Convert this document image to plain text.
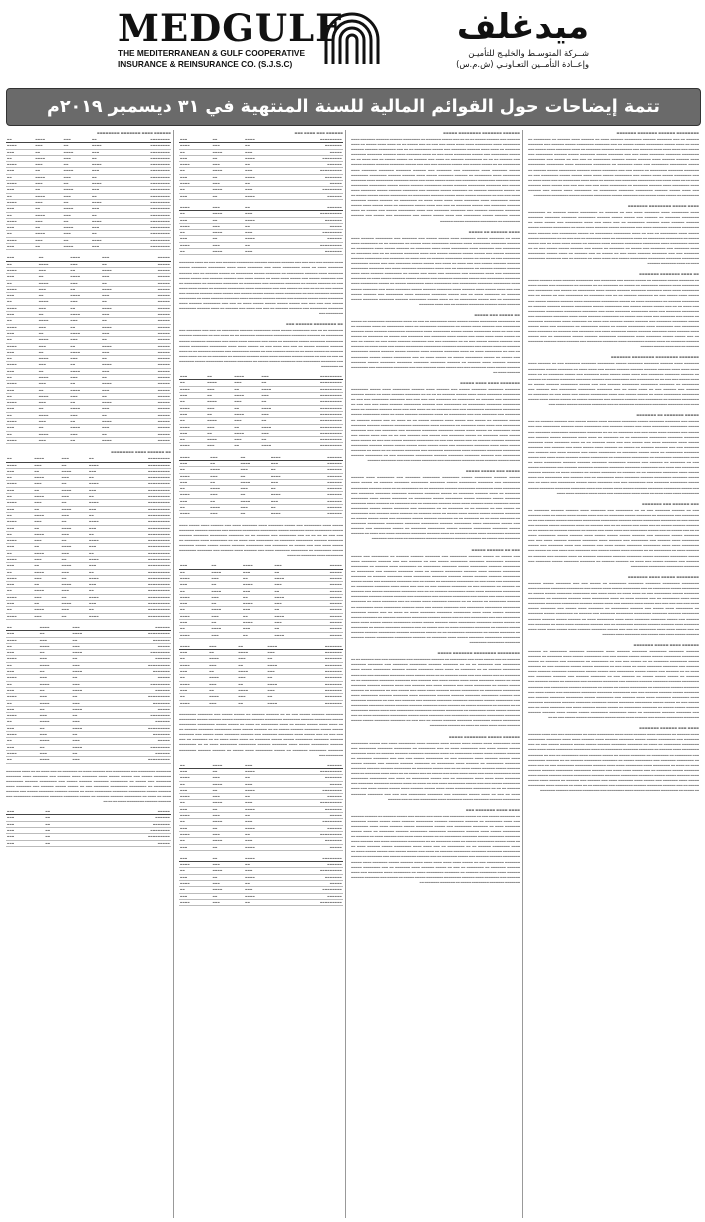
MEDGULF
THE MEDITERRANEAN & GULF COOPERATIVE
INSURANCE & REINSURANCE CO. (S.J.S.C)
ميدغلف
شــركة المتوسـط والخليـج للتأميـن
وإعــادة التأمــين التعـاونـي (ش.م.س)
تتمة إيضاحات حول القوائم المالية للسنة المنتهية في ٣١ ديسمبر ٢٠١٩م
▬▬▬▬▬▬ ▬▬▬▬ ▬▬▬▬▬▬▬ ▬▬▬▬▬▬▬▬
▬▬▬▬▬▬▬▬	▬▬	▬▬▬	▬▬▬▬	▬▬
▬▬▬▬▬▬▬▬	▬▬▬▬	▬▬	▬▬▬	▬▬▬▬
▬▬▬▬▬▬▬▬	▬▬▬	▬▬▬▬	▬▬	▬▬▬
▬▬▬▬▬▬▬▬	▬▬	▬▬▬	▬▬▬▬	▬▬
▬▬▬▬▬▬▬▬	▬▬▬▬	▬▬	▬▬▬	▬▬▬▬
▬▬▬▬▬▬▬▬	▬▬▬	▬▬▬▬	▬▬	▬▬▬
▬▬▬▬▬▬▬▬	▬▬	▬▬▬	▬▬▬▬	▬▬
▬▬▬▬▬▬▬▬	▬▬▬▬	▬▬	▬▬▬	▬▬▬▬
▬▬▬▬▬▬▬▬	▬▬▬	▬▬▬▬	▬▬	▬▬▬
▬▬▬▬▬▬▬▬	▬▬	▬▬▬	▬▬▬▬	▬▬
▬▬▬▬▬▬▬▬	▬▬▬▬	▬▬	▬▬▬	▬▬▬▬
▬▬▬▬▬▬▬▬	▬▬▬	▬▬▬▬	▬▬	▬▬▬
▬▬▬▬▬▬▬▬	▬▬	▬▬▬	▬▬▬▬	▬▬
▬▬▬▬▬▬▬▬	▬▬▬▬	▬▬	▬▬▬	▬▬▬▬
▬▬▬▬▬▬▬▬	▬▬▬	▬▬▬▬	▬▬	▬▬▬
▬▬▬▬▬▬▬▬	▬▬	▬▬▬	▬▬▬▬	▬▬
▬▬▬▬▬▬▬▬	▬▬▬▬	▬▬	▬▬▬	▬▬▬▬
▬▬▬▬▬▬▬▬	▬▬▬	▬▬▬▬	▬▬	▬▬▬
▬▬▬▬▬	▬▬▬	▬▬▬▬	▬▬	▬▬▬
▬▬▬▬▬	▬▬	▬▬▬	▬▬▬▬	▬▬
▬▬▬▬▬	▬▬▬▬	▬▬	▬▬▬	▬▬▬▬
▬▬▬▬▬	▬▬▬	▬▬▬▬	▬▬	▬▬▬
▬▬▬▬▬	▬▬	▬▬▬	▬▬▬▬	▬▬
▬▬▬▬▬	▬▬▬▬	▬▬	▬▬▬	▬▬▬▬
▬▬▬▬▬	▬▬▬	▬▬▬▬	▬▬	▬▬▬
▬▬▬▬▬	▬▬	▬▬▬	▬▬▬▬	▬▬
▬▬▬▬▬	▬▬▬▬	▬▬	▬▬▬	▬▬▬▬
▬▬▬▬▬	▬▬▬	▬▬▬▬	▬▬	▬▬▬
▬▬▬▬▬	▬▬	▬▬▬	▬▬▬▬	▬▬
▬▬▬▬▬	▬▬▬▬	▬▬	▬▬▬	▬▬▬▬
▬▬▬▬▬	▬▬▬	▬▬▬▬	▬▬	▬▬▬
▬▬▬▬▬	▬▬	▬▬▬	▬▬▬▬	▬▬
▬▬▬▬▬	▬▬▬▬	▬▬	▬▬▬	▬▬▬▬
▬▬▬▬▬	▬▬▬	▬▬▬▬	▬▬	▬▬▬
▬▬▬▬▬	▬▬	▬▬▬	▬▬▬▬	▬▬
▬▬▬▬▬	▬▬▬▬	▬▬	▬▬▬	▬▬▬▬
▬▬▬▬▬	▬▬▬	▬▬▬▬	▬▬	▬▬▬
▬▬▬▬▬	▬▬	▬▬▬	▬▬▬▬	▬▬
▬▬▬▬▬	▬▬▬▬	▬▬	▬▬▬	▬▬▬▬
▬▬▬▬▬	▬▬▬	▬▬▬▬	▬▬	▬▬▬
▬▬▬▬▬	▬▬	▬▬▬	▬▬▬▬	▬▬
▬▬▬▬▬	▬▬▬▬	▬▬	▬▬▬	▬▬▬▬
▬▬▬▬▬	▬▬▬	▬▬▬▬	▬▬	▬▬▬
▬▬▬▬▬	▬▬	▬▬▬	▬▬▬▬	▬▬
▬▬▬▬▬	▬▬▬▬	▬▬	▬▬▬	▬▬▬▬
▬▬▬▬▬	▬▬▬	▬▬▬▬	▬▬	▬▬▬
▬▬▬▬▬	▬▬	▬▬▬	▬▬▬▬	▬▬
▬▬▬▬▬	▬▬▬▬	▬▬	▬▬▬	▬▬▬▬
▬▬ ▬▬▬▬▬▬ ▬▬▬▬ ▬▬▬▬▬▬▬▬
▬▬▬▬▬▬▬▬▬	▬▬	▬▬▬	▬▬▬▬	▬▬
▬▬▬▬▬▬▬▬▬	▬▬▬▬	▬▬	▬▬▬	▬▬▬▬
▬▬▬▬▬▬▬▬▬	▬▬▬	▬▬▬▬	▬▬	▬▬▬
▬▬▬▬▬▬▬▬▬	▬▬	▬▬▬	▬▬▬▬	▬▬
▬▬▬▬▬▬▬▬▬	▬▬▬▬	▬▬	▬▬▬	▬▬▬▬
▬▬▬▬▬▬▬▬▬	▬▬▬	▬▬▬▬	▬▬	▬▬▬
▬▬▬▬▬▬▬▬▬	▬▬	▬▬▬	▬▬▬▬	▬▬
▬▬▬▬▬▬▬▬▬	▬▬▬▬	▬▬	▬▬▬	▬▬▬▬
▬▬▬▬▬▬▬▬▬	▬▬▬	▬▬▬▬	▬▬	▬▬▬
▬▬▬▬▬▬▬▬▬	▬▬	▬▬▬	▬▬▬▬	▬▬
▬▬▬▬▬▬▬▬▬	▬▬▬▬	▬▬	▬▬▬	▬▬▬▬
▬▬▬▬▬▬▬▬▬	▬▬▬	▬▬▬▬	▬▬	▬▬▬
▬▬▬▬▬▬▬▬▬	▬▬	▬▬▬	▬▬▬▬	▬▬
▬▬▬▬▬▬▬▬▬	▬▬▬▬	▬▬	▬▬▬	▬▬▬▬
▬▬▬▬▬▬▬▬▬	▬▬▬	▬▬▬▬	▬▬	▬▬▬
▬▬▬▬▬▬▬▬▬	▬▬	▬▬▬	▬▬▬▬	▬▬
▬▬▬▬▬▬▬▬▬	▬▬▬▬	▬▬	▬▬▬	▬▬▬▬
▬▬▬▬▬▬▬▬▬	▬▬▬	▬▬▬▬	▬▬	▬▬▬
▬▬▬▬▬▬▬▬▬	▬▬	▬▬▬	▬▬▬▬	▬▬
▬▬▬▬▬▬▬▬▬	▬▬▬▬	▬▬	▬▬▬	▬▬▬▬
▬▬▬▬▬▬▬▬▬	▬▬▬	▬▬▬▬	▬▬	▬▬▬
▬▬▬▬▬▬▬▬▬	▬▬	▬▬▬	▬▬▬▬	▬▬
▬▬▬▬▬▬▬▬▬	▬▬▬▬	▬▬	▬▬▬	▬▬▬▬
▬▬▬▬▬▬▬▬▬	▬▬▬	▬▬▬▬	▬▬	▬▬▬
▬▬▬▬▬▬▬▬▬	▬▬	▬▬▬	▬▬▬▬	▬▬
▬▬▬▬▬▬▬▬▬	▬▬▬▬	▬▬	▬▬▬	▬▬▬▬
▬▬▬▬▬▬	▬▬▬	▬▬▬▬	▬▬
▬▬▬▬▬▬▬▬▬	▬▬▬▬	▬▬	▬▬▬
▬▬▬▬▬▬▬	▬▬	▬▬▬	▬▬▬▬
▬▬▬▬▬	▬▬▬	▬▬▬▬	▬▬
▬▬▬▬▬▬▬▬	▬▬▬▬	▬▬	▬▬▬
▬▬▬▬▬▬	▬▬	▬▬▬	▬▬▬▬
▬▬▬▬▬▬▬▬▬	▬▬▬	▬▬▬▬	▬▬
▬▬▬▬▬▬▬	▬▬▬▬	▬▬	▬▬▬
▬▬▬▬▬	▬▬	▬▬▬	▬▬▬▬
▬▬▬▬▬▬▬▬	▬▬▬	▬▬▬▬	▬▬
▬▬▬▬▬▬	▬▬▬▬	▬▬	▬▬▬
▬▬▬▬▬▬▬▬▬	▬▬	▬▬▬	▬▬▬▬
▬▬▬▬▬▬▬	▬▬▬	▬▬▬▬	▬▬
▬▬▬▬▬	▬▬▬▬	▬▬	▬▬▬
▬▬▬▬▬▬▬▬	▬▬	▬▬▬	▬▬▬▬
▬▬▬▬▬▬	▬▬▬	▬▬▬▬	▬▬
▬▬▬▬▬▬▬▬▬	▬▬▬▬	▬▬	▬▬▬
▬▬▬▬▬▬▬	▬▬	▬▬▬	▬▬▬▬
▬▬▬▬▬	▬▬▬	▬▬▬▬	▬▬
▬▬▬▬▬▬▬▬	▬▬▬▬	▬▬	▬▬▬
▬▬▬▬▬▬	▬▬	▬▬▬	▬▬▬▬
▬▬▬▬▬▬▬▬▬	▬▬▬	▬▬▬▬	▬▬
▬▬▬▬▬▬▬ ▬▬▬▬▬▬▬▬ ▬▬▬ ▬▬▬▬▬▬▬▬ ▬▬▬ ▬▬▬▬▬▬ ▬▬▬▬ ▬▬ ▬▬▬▬▬▬▬ ▬▬ ▬▬▬ ▬▬▬▬ ▬▬ ▬▬ ▬▬▬▬ ▬▬▬▬▬▬▬ ▬▬▬▬▬▬▬▬ ▬▬▬▬▬ ▬▬▬ ▬▬▬▬▬ ▬▬▬▬▬ ▬▬▬▬ ▬▬▬▬▬▬▬ ▬▬▬▬ ▬▬▬▬▬▬ ▬▬▬ ▬▬▬▬▬▬▬ ▬▬▬▬ ▬▬▬▬▬▬▬ ▬▬▬▬▬▬▬ ▬▬▬ ▬▬▬▬▬ ▬▬ ▬▬▬▬▬▬▬▬ ▬▬▬▬▬▬▬ ▬▬▬▬▬▬ ▬▬▬▬▬ ▬▬▬ ▬▬▬▬▬▬▬▬ ▬▬▬▬▬▬ ▬▬▬▬▬▬▬▬ ▬▬▬▬▬▬▬▬ ▬▬ ▬▬▬▬▬▬▬▬ ▬▬▬▬▬▬▬▬ ▬▬▬▬▬▬▬ ▬▬▬ ▬▬ ▬▬▬▬▬ ▬▬▬▬▬ ▬▬▬▬▬▬ ▬▬▬ ▬▬▬▬▬▬▬ ▬▬▬▬ ▬▬▬▬▬▬ ▬▬▬▬▬ ▬▬▬▬▬▬▬▬ ▬▬▬▬▬▬▬ ▬▬▬▬▬▬▬▬ ▬▬▬▬ ▬▬ ▬▬▬▬▬ ▬▬▬▬▬▬ ▬▬▬▬▬▬▬ ▬▬▬▬▬ ▬▬▬ ▬▬▬▬▬▬ ▬▬▬▬ ▬▬ ▬▬▬▬ ▬▬ ▬▬▬▬▬▬▬▬ ▬▬▬▬▬▬ ▬▬▬▬▬▬ ▬▬ ▬▬▬▬▬ ▬▬▬▬▬▬▬ ▬▬▬▬▬▬ ▬▬▬▬▬▬▬▬ ▬▬▬▬▬▬▬▬ ▬▬▬ ▬▬▬▬▬▬ ▬▬▬▬▬▬ ▬▬▬▬▬▬▬▬ ▬▬▬▬ ▬▬ ▬▬ ▬▬
▬▬▬▬▬	▬▬	▬▬▬
▬▬▬▬▬▬	▬▬	▬▬▬
▬▬▬▬▬▬▬	▬▬	▬▬▬
▬▬▬▬▬▬▬▬	▬▬	▬▬▬
▬▬▬▬▬▬▬▬▬	▬▬	▬▬▬
▬▬▬▬▬	▬▬	▬▬▬
▬▬▬▬▬▬ ▬▬▬ ▬▬▬▬ ▬▬▬
▬▬▬▬▬▬▬▬▬	▬▬▬▬	▬▬	▬▬▬
▬▬▬▬▬▬▬	▬▬	▬▬▬	▬▬▬▬
▬▬▬▬▬	▬▬▬	▬▬▬▬	▬▬
▬▬▬▬▬▬▬▬	▬▬▬▬	▬▬	▬▬▬
▬▬▬▬▬▬	▬▬	▬▬▬	▬▬▬▬
▬▬▬▬▬▬▬▬▬	▬▬▬	▬▬▬▬	▬▬
▬▬▬▬▬▬▬	▬▬▬▬	▬▬	▬▬▬
▬▬▬▬▬	▬▬	▬▬▬	▬▬▬▬
▬▬▬▬▬▬▬▬	▬▬▬	▬▬▬▬	▬▬
▬▬▬▬▬▬	▬▬▬▬	▬▬	▬▬▬
▬▬▬▬▬▬	▬▬	▬▬▬	▬▬▬▬
▬▬▬▬▬▬▬▬▬	▬▬▬	▬▬▬▬	▬▬
▬▬▬▬▬▬▬	▬▬▬▬	▬▬	▬▬▬
▬▬▬▬▬	▬▬	▬▬▬	▬▬▬▬
▬▬▬▬▬▬▬▬	▬▬▬	▬▬▬▬	▬▬
▬▬▬▬▬▬	▬▬▬▬	▬▬	▬▬▬
▬▬▬▬▬▬▬▬▬	▬▬	▬▬▬	▬▬▬▬
▬▬▬▬▬▬▬	▬▬▬	▬▬▬▬	▬▬
▬▬▬▬ ▬▬▬▬▬ ▬▬▬ ▬▬▬ ▬▬▬ ▬▬▬ ▬▬▬▬▬▬ ▬▬▬▬▬▬ ▬▬▬▬▬▬ ▬▬▬▬▬▬▬▬ ▬▬▬▬▬▬ ▬▬▬ ▬▬▬ ▬▬ ▬▬▬▬ ▬▬▬▬▬▬▬ ▬▬▬▬▬▬▬ ▬▬▬▬ ▬▬ ▬▬▬▬ ▬▬▬▬▬▬▬▬ ▬▬▬▬ ▬▬▬ ▬▬▬▬▬▬▬ ▬▬▬▬ ▬▬▬▬ ▬▬▬▬▬▬▬▬ ▬▬▬▬▬▬▬ ▬▬▬▬▬ ▬▬▬▬▬▬▬ ▬▬▬▬ ▬▬▬▬▬▬ ▬▬▬▬▬▬▬▬ ▬▬ ▬▬▬▬▬▬▬ ▬▬▬▬▬ ▬▬▬▬▬▬▬▬ ▬▬ ▬▬▬▬▬ ▬▬▬▬▬▬ ▬▬ ▬▬▬ ▬▬▬▬▬▬ ▬▬▬ ▬▬▬▬▬▬▬ ▬▬▬▬▬ ▬▬▬ ▬▬▬▬▬ ▬▬▬▬ ▬▬▬▬ ▬▬ ▬▬▬▬▬ ▬▬▬▬ ▬▬▬ ▬▬▬▬▬▬ ▬▬▬▬▬▬ ▬▬▬ ▬▬▬▬▬ ▬▬▬▬▬ ▬▬▬ ▬▬ ▬▬▬▬▬▬ ▬▬▬▬▬ ▬▬ ▬▬▬▬▬▬▬ ▬▬▬▬▬▬▬ ▬▬▬ ▬▬▬▬▬▬▬▬ ▬▬ ▬▬▬▬▬▬▬ ▬▬▬▬▬▬▬ ▬▬ ▬▬▬▬▬▬▬▬ ▬▬ ▬▬▬▬▬ ▬▬▬ ▬▬ ▬▬ ▬▬ ▬▬▬ ▬▬ ▬▬▬▬▬ ▬▬▬ ▬▬▬ ▬▬▬▬▬▬▬▬ ▬▬▬▬ ▬▬▬▬▬▬▬▬ ▬▬▬▬▬▬ ▬▬ ▬▬▬▬▬ ▬▬▬▬ ▬▬▬▬ ▬▬▬▬▬▬ ▬▬▬▬▬▬▬ ▬▬▬ ▬▬ ▬▬▬▬▬▬▬▬ ▬▬▬▬ ▬▬▬▬▬ ▬▬▬▬▬ ▬▬▬▬▬ ▬▬▬ ▬▬▬▬▬ ▬▬▬▬ ▬▬▬▬▬▬ ▬▬▬▬▬▬ ▬▬▬ ▬▬▬▬▬▬▬ ▬▬▬▬ ▬▬▬▬▬ ▬▬▬▬▬▬ ▬▬▬ ▬▬▬▬▬ ▬▬▬▬▬▬ ▬▬▬▬▬▬ ▬▬▬▬ ▬▬▬▬▬▬▬ ▬▬▬▬▬▬ ▬▬▬▬ ▬▬ ▬▬▬▬▬▬▬▬ ▬▬▬▬▬ ▬▬▬ ▬▬▬ ▬▬▬ ▬▬▬ ▬▬▬▬▬ ▬▬▬▬▬ ▬▬▬▬▬ ▬▬▬▬▬ ▬▬▬▬ ▬▬ ▬▬▬ ▬▬▬ ▬▬▬▬▬▬▬▬ ▬▬▬▬▬▬ ▬▬▬▬ ▬▬▬▬▬▬▬ ▬▬▬▬▬▬▬▬ ▬▬▬ ▬▬▬▬▬▬ ▬▬▬▬▬▬ ▬▬ ▬▬▬ ▬▬▬ ▬▬▬▬ ▬▬▬ ▬▬▬▬▬▬ ▬▬ ▬▬▬▬ ▬▬▬▬▬▬ ▬▬▬▬▬▬▬▬ ▬▬▬▬▬▬▬▬ ▬▬▬
▬▬ ▬▬▬▬▬▬▬▬ ▬▬▬▬▬▬ ▬▬▬
▬▬▬▬▬▬▬ ▬▬ ▬▬ ▬▬▬ ▬▬▬▬▬▬▬▬ ▬▬▬▬▬ ▬▬▬▬ ▬▬▬▬▬▬▬▬ ▬▬▬▬▬▬ ▬▬▬▬▬▬▬▬ ▬▬ ▬▬▬ ▬▬▬ ▬▬▬▬▬▬▬ ▬▬▬ ▬▬▬▬▬▬▬▬ ▬▬ ▬▬▬▬▬▬ ▬▬▬▬▬▬▬ ▬▬▬▬▬▬▬▬ ▬▬▬▬▬▬▬▬ ▬▬▬▬▬▬▬ ▬▬ ▬▬ ▬▬▬▬ ▬▬▬ ▬▬ ▬▬▬▬▬▬▬ ▬▬▬▬▬▬ ▬▬▬▬▬▬▬▬ ▬▬▬▬▬▬▬ ▬▬▬▬▬ ▬▬▬▬▬▬▬ ▬▬ ▬▬▬▬ ▬▬▬ ▬▬▬▬▬▬ ▬▬▬▬ ▬▬▬▬ ▬▬▬ ▬▬▬▬▬▬▬ ▬▬▬▬▬▬▬ ▬▬▬▬▬ ▬▬▬▬▬▬ ▬▬▬▬▬▬ ▬▬▬▬▬ ▬▬ ▬▬▬ ▬▬▬ ▬▬▬▬ ▬▬▬ ▬▬ ▬▬▬▬▬ ▬▬▬▬ ▬▬▬▬ ▬▬▬▬▬▬▬▬ ▬▬▬▬▬▬▬▬ ▬▬▬▬▬ ▬▬▬▬▬▬ ▬▬ ▬▬▬▬▬ ▬▬▬▬ ▬▬ ▬▬ ▬▬▬▬ ▬▬▬▬▬▬ ▬▬▬ ▬▬ ▬▬▬▬▬ ▬▬▬▬▬▬▬▬ ▬▬▬ ▬▬▬▬▬▬ ▬▬▬▬▬▬ ▬▬ ▬▬ ▬▬▬▬ ▬▬ ▬▬▬ ▬▬ ▬▬▬ ▬▬ ▬▬▬▬▬ ▬▬▬▬▬ ▬▬▬▬▬▬ ▬▬▬▬ ▬▬▬▬ ▬▬▬▬▬▬ ▬▬▬▬▬▬ ▬▬ ▬▬▬▬▬▬▬ ▬▬ ▬▬ ▬▬ ▬▬▬▬ ▬▬▬▬ ▬▬▬ ▬▬▬▬▬▬▬ ▬▬▬▬▬▬▬▬ ▬▬▬ ▬▬▬▬▬▬▬ ▬▬▬▬▬ ▬▬▬▬▬ ▬▬ ▬▬▬▬▬▬▬ ▬▬▬▬▬▬ ▬▬▬▬▬▬▬▬ ▬▬▬▬▬ ▬▬▬▬▬▬▬ ▬▬ ▬▬▬▬▬▬▬▬
▬▬▬▬▬▬▬▬▬	▬▬▬	▬▬▬▬	▬▬	▬▬▬
▬▬▬▬▬▬▬▬▬	▬▬	▬▬▬	▬▬▬▬	▬▬
▬▬▬▬▬▬▬▬▬	▬▬▬▬	▬▬	▬▬▬	▬▬▬▬
▬▬▬▬▬▬▬▬▬	▬▬▬	▬▬▬▬	▬▬	▬▬▬
▬▬▬▬▬▬▬▬▬	▬▬	▬▬▬	▬▬▬▬	▬▬
▬▬▬▬▬▬▬▬▬	▬▬▬▬	▬▬	▬▬▬	▬▬▬▬
▬▬▬▬▬▬▬▬▬	▬▬▬	▬▬▬▬	▬▬	▬▬▬
▬▬▬▬▬▬▬▬▬	▬▬	▬▬▬	▬▬▬▬	▬▬
▬▬▬▬▬▬▬▬▬	▬▬▬▬	▬▬	▬▬▬	▬▬▬▬
▬▬▬▬▬▬▬▬▬	▬▬▬	▬▬▬▬	▬▬	▬▬▬
▬▬▬▬▬▬▬▬▬	▬▬	▬▬▬	▬▬▬▬	▬▬
▬▬▬▬▬▬▬▬▬	▬▬▬▬	▬▬	▬▬▬	▬▬▬▬
▬▬▬▬▬▬	▬▬▬▬	▬▬	▬▬▬	▬▬▬▬
▬▬▬▬▬▬	▬▬▬	▬▬▬▬	▬▬	▬▬▬
▬▬▬▬▬▬	▬▬	▬▬▬	▬▬▬▬	▬▬
▬▬▬▬▬▬	▬▬▬▬	▬▬	▬▬▬	▬▬▬▬
▬▬▬▬▬▬	▬▬▬	▬▬▬▬	▬▬	▬▬▬
▬▬▬▬▬▬	▬▬	▬▬▬	▬▬▬▬	▬▬
▬▬▬▬▬▬	▬▬▬▬	▬▬	▬▬▬	▬▬▬▬
▬▬▬▬▬▬	▬▬▬	▬▬▬▬	▬▬	▬▬▬
▬▬▬▬▬▬	▬▬	▬▬▬	▬▬▬▬	▬▬
▬▬▬▬▬▬	▬▬▬▬	▬▬	▬▬▬	▬▬▬▬
▬▬▬▬▬ ▬▬▬▬ ▬▬▬▬▬▬▬▬ ▬▬▬ ▬▬▬▬▬ ▬▬▬▬▬▬▬ ▬▬▬▬ ▬▬▬▬▬▬▬ ▬▬▬▬ ▬▬▬ ▬▬▬▬▬▬ ▬▬▬▬ ▬▬▬▬▬ ▬▬▬▬ ▬▬▬▬▬ ▬▬▬▬▬▬▬▬ ▬▬▬▬ ▬▬▬▬▬▬▬ ▬▬▬▬▬ ▬▬▬▬▬▬▬▬ ▬▬▬▬▬▬▬▬ ▬▬▬▬▬▬ ▬▬▬ ▬▬▬▬▬▬ ▬▬▬▬▬▬ ▬▬▬▬▬▬▬ ▬▬▬ ▬▬▬ ▬▬ ▬▬ ▬▬ ▬▬ ▬▬▬ ▬▬▬▬▬▬▬▬ ▬▬▬ ▬▬▬▬▬▬ ▬▬ ▬▬ ▬▬▬▬▬▬▬ ▬▬▬▬▬▬▬▬ ▬▬▬▬▬▬▬ ▬▬▬▬▬▬ ▬▬▬▬▬▬▬ ▬▬▬▬▬▬ ▬▬▬▬▬▬▬▬ ▬▬▬▬▬▬▬ ▬▬ ▬▬▬▬▬▬▬▬ ▬▬▬ ▬▬▬▬ ▬▬ ▬▬ ▬▬▬▬▬▬▬▬ ▬▬▬▬ ▬▬▬▬▬▬▬ ▬▬ ▬▬▬▬▬ ▬▬▬▬ ▬▬▬ ▬▬▬ ▬▬▬▬▬ ▬▬ ▬▬▬▬▬▬▬ ▬▬▬ ▬▬▬▬▬▬▬▬ ▬▬▬▬▬▬ ▬▬▬▬▬ ▬▬▬▬▬ ▬▬▬▬▬ ▬▬▬▬▬▬▬ ▬▬▬▬▬ ▬▬▬▬▬▬▬▬ ▬▬ ▬▬▬▬▬▬▬▬ ▬▬▬▬▬▬▬ ▬▬▬▬ ▬▬▬ ▬▬▬▬▬▬ ▬▬▬▬ ▬▬▬▬▬▬ ▬▬▬ ▬▬▬▬▬▬▬ ▬▬▬▬▬▬▬▬ ▬▬▬▬▬▬▬▬ ▬▬▬▬ ▬▬▬▬▬▬▬ ▬▬ ▬▬▬▬
▬▬▬▬▬	▬▬▬	▬▬▬▬	▬▬	▬▬▬
▬▬▬▬▬	▬▬	▬▬▬	▬▬▬▬	▬▬
▬▬▬▬▬	▬▬▬▬	▬▬	▬▬▬	▬▬▬▬
▬▬▬▬▬	▬▬▬	▬▬▬▬	▬▬	▬▬▬
▬▬▬▬▬	▬▬	▬▬▬	▬▬▬▬	▬▬
▬▬▬▬▬	▬▬▬▬	▬▬	▬▬▬	▬▬▬▬
▬▬▬▬▬	▬▬▬	▬▬▬▬	▬▬	▬▬▬
▬▬▬▬▬	▬▬	▬▬▬	▬▬▬▬	▬▬
▬▬▬▬▬	▬▬▬▬	▬▬	▬▬▬	▬▬▬▬
▬▬▬▬▬	▬▬▬	▬▬▬▬	▬▬	▬▬▬
▬▬▬▬▬	▬▬	▬▬▬	▬▬▬▬	▬▬
▬▬▬▬▬	▬▬▬▬	▬▬	▬▬▬	▬▬▬▬
▬▬▬▬▬▬▬	▬▬▬▬	▬▬	▬▬▬	▬▬▬▬
▬▬▬▬▬▬▬	▬▬▬	▬▬▬▬	▬▬	▬▬▬
▬▬▬▬▬▬▬	▬▬	▬▬▬	▬▬▬▬	▬▬
▬▬▬▬▬▬▬	▬▬▬▬	▬▬	▬▬▬	▬▬▬▬
▬▬▬▬▬▬▬	▬▬▬	▬▬▬▬	▬▬	▬▬▬
▬▬▬▬▬▬▬	▬▬	▬▬▬	▬▬▬▬	▬▬
▬▬▬▬▬▬▬	▬▬▬▬	▬▬	▬▬▬	▬▬▬▬
▬▬▬▬▬▬▬	▬▬▬	▬▬▬▬	▬▬	▬▬▬
▬▬▬▬▬▬▬	▬▬	▬▬▬	▬▬▬▬	▬▬
▬▬▬▬▬▬▬	▬▬▬▬	▬▬	▬▬▬	▬▬▬▬
▬▬▬▬▬▬▬▬ ▬▬▬▬▬▬ ▬▬▬▬▬ ▬▬▬ ▬▬ ▬▬ ▬▬▬▬▬▬ ▬▬▬▬▬▬ ▬▬ ▬▬▬▬▬ ▬▬▬▬▬ ▬▬▬ ▬▬▬▬▬▬▬ ▬▬▬▬▬▬▬▬ ▬▬▬▬▬ ▬▬▬▬▬▬▬▬ ▬▬▬▬▬▬ ▬▬▬▬▬▬▬▬ ▬▬▬▬▬▬▬▬ ▬▬▬▬▬▬ ▬▬▬▬▬▬▬▬ ▬▬▬▬▬ ▬▬▬▬▬▬ ▬▬▬▬▬ ▬▬▬▬▬▬▬▬ ▬▬ ▬▬▬▬ ▬▬▬▬ ▬▬▬▬▬ ▬▬▬▬▬ ▬▬ ▬▬▬▬ ▬▬▬▬▬▬▬▬ ▬▬ ▬▬▬▬ ▬▬ ▬▬▬▬▬ ▬▬▬▬▬ ▬▬▬▬▬▬▬▬ ▬▬▬▬▬▬▬▬ ▬▬▬▬▬ ▬▬▬▬▬ ▬▬▬▬▬▬▬ ▬▬▬▬▬▬ ▬▬▬▬▬ ▬▬ ▬▬ ▬▬▬▬▬▬ ▬▬▬▬▬ ▬▬▬▬ ▬▬▬▬▬▬▬▬ ▬▬▬▬▬▬▬ ▬▬▬▬▬▬ ▬▬ ▬▬▬ ▬▬▬ ▬▬ ▬▬▬ ▬▬▬▬▬ ▬▬▬▬ ▬▬▬▬▬▬▬ ▬▬▬▬▬▬▬ ▬▬▬ ▬▬▬▬▬▬ ▬▬▬▬▬▬▬ ▬▬▬▬ ▬▬▬▬▬ ▬▬▬ ▬▬▬▬▬▬▬ ▬▬▬▬▬▬ ▬▬▬▬▬▬▬ ▬▬▬▬▬▬▬▬ ▬▬▬▬▬ ▬▬▬▬▬ ▬▬▬▬▬▬▬ ▬▬ ▬▬▬▬ ▬▬▬▬ ▬▬▬▬ ▬▬ ▬▬ ▬▬▬▬▬▬▬ ▬▬ ▬▬▬ ▬▬▬▬▬▬ ▬▬▬▬▬▬▬▬ ▬▬▬▬▬ ▬▬▬▬ ▬▬▬▬▬▬▬ ▬▬▬▬▬▬ ▬▬▬▬▬▬▬▬ ▬▬▬▬▬▬▬▬ ▬▬▬▬ ▬▬ ▬▬ ▬▬▬▬▬▬▬▬ ▬▬▬▬▬▬▬ ▬▬▬▬▬▬▬▬ ▬▬▬▬▬▬▬ ▬▬ ▬▬▬▬▬ ▬▬▬▬▬▬▬▬ ▬▬▬▬ ▬▬▬▬▬ ▬▬ ▬▬▬▬▬▬ ▬▬▬▬▬▬ ▬▬▬▬▬▬▬▬ ▬▬▬▬▬▬▬▬ ▬▬▬
▬▬▬▬▬▬	▬▬▬	▬▬▬▬	▬▬
▬▬▬▬▬▬▬▬▬	▬▬▬▬	▬▬	▬▬▬
▬▬▬▬▬▬▬	▬▬	▬▬▬	▬▬▬▬
▬▬▬▬▬	▬▬▬	▬▬▬▬	▬▬
▬▬▬▬▬▬▬▬	▬▬▬▬	▬▬	▬▬▬
▬▬▬▬▬▬	▬▬	▬▬▬	▬▬▬▬
▬▬▬▬▬▬▬▬▬	▬▬▬	▬▬▬▬	▬▬
▬▬▬▬▬▬▬	▬▬▬▬	▬▬	▬▬▬
▬▬▬▬▬	▬▬	▬▬▬	▬▬▬▬
▬▬▬▬▬▬▬▬	▬▬▬	▬▬▬▬	▬▬
▬▬▬▬▬▬	▬▬▬▬	▬▬	▬▬▬
▬▬▬▬▬▬▬▬▬	▬▬	▬▬▬	▬▬▬▬
▬▬▬▬▬▬▬	▬▬▬	▬▬▬▬	▬▬
▬▬▬▬▬	▬▬▬▬	▬▬	▬▬▬
▬▬▬▬▬▬▬▬	▬▬▬▬	▬▬	▬▬▬
▬▬▬▬▬▬	▬▬	▬▬▬	▬▬▬▬
▬▬▬▬▬▬▬▬▬	▬▬▬	▬▬▬▬	▬▬
▬▬▬▬▬▬▬	▬▬▬▬	▬▬	▬▬▬
▬▬▬▬▬	▬▬	▬▬▬	▬▬▬▬
▬▬▬▬▬▬▬▬	▬▬▬	▬▬▬▬	▬▬
▬▬▬▬▬▬	▬▬▬▬	▬▬	▬▬▬
▬▬▬▬▬▬▬▬▬	▬▬	▬▬▬	▬▬▬▬
▬▬▬▬▬▬ ▬▬▬▬▬▬▬ ▬▬▬▬▬▬▬▬ ▬▬▬▬▬
▬▬▬▬▬▬ ▬▬▬ ▬▬▬▬▬▬ ▬▬▬▬▬ ▬▬ ▬▬ ▬▬ ▬▬▬ ▬▬▬▬▬ ▬▬▬▬▬▬▬ ▬▬ ▬▬▬▬▬▬▬▬ ▬▬▬▬▬▬ ▬▬▬▬▬▬ ▬▬▬▬▬▬▬ ▬▬▬▬ ▬▬▬▬▬▬▬▬ ▬▬▬▬ ▬▬▬▬▬▬▬▬ ▬▬▬▬ ▬▬▬▬ ▬▬▬▬ ▬▬▬ ▬▬▬ ▬▬ ▬▬▬ ▬▬▬▬▬ ▬▬ ▬▬ ▬▬▬▬ ▬▬▬▬ ▬▬▬▬▬ ▬▬ ▬▬▬▬ ▬▬▬▬▬▬▬ ▬▬ ▬▬▬▬ ▬▬▬▬ ▬▬▬▬▬▬ ▬▬▬▬▬▬▬ ▬▬▬ ▬▬▬▬▬ ▬▬▬▬▬▬▬▬ ▬▬ ▬▬ ▬▬▬ ▬▬▬▬▬▬▬▬ ▬▬▬▬▬▬ ▬▬▬▬▬▬ ▬▬▬▬▬ ▬▬▬▬▬▬▬▬ ▬▬▬ ▬▬▬▬▬ ▬▬▬▬▬▬▬▬ ▬▬▬▬ ▬▬▬ ▬▬ ▬▬▬▬ ▬▬▬▬▬▬▬ ▬▬▬▬ ▬▬▬▬▬▬ ▬▬▬▬▬▬▬ ▬▬▬▬▬▬▬ ▬▬▬ ▬▬▬▬▬▬ ▬▬ ▬▬ ▬▬ ▬▬▬▬▬▬▬▬ ▬▬▬▬▬▬ ▬▬ ▬▬▬▬ ▬▬▬ ▬▬▬▬▬▬ ▬▬ ▬▬▬▬▬ ▬▬▬▬▬ ▬▬ ▬▬▬ ▬▬▬▬ ▬▬ ▬▬ ▬▬▬▬▬▬▬▬ ▬▬ ▬▬ ▬▬▬▬▬ ▬▬▬▬▬ ▬▬▬ ▬▬▬▬▬ ▬▬▬▬▬▬ ▬▬▬ ▬▬▬ ▬▬▬ ▬▬▬▬▬ ▬▬▬▬▬▬▬ ▬▬▬▬▬▬ ▬▬▬▬▬▬ ▬▬▬▬▬ ▬▬▬▬▬ ▬▬▬▬▬▬▬ ▬▬▬▬ ▬▬▬▬▬▬▬▬ ▬▬▬ ▬▬▬▬▬▬▬ ▬▬▬ ▬▬▬▬▬▬ ▬▬▬▬▬▬▬ ▬▬▬▬▬▬▬ ▬▬▬▬▬▬▬ ▬▬▬▬ ▬▬▬▬▬▬▬▬ ▬▬▬▬ ▬▬▬▬▬▬▬▬ ▬▬ ▬▬▬▬▬▬ ▬▬▬▬▬▬▬ ▬▬▬▬▬ ▬▬▬▬ ▬▬▬▬▬▬ ▬▬▬▬▬▬ ▬▬▬▬▬▬▬▬ ▬▬▬▬▬▬▬▬ ▬▬▬▬▬ ▬▬▬▬▬▬ ▬▬▬▬▬▬▬▬ ▬▬▬▬▬▬▬ ▬▬▬ ▬▬▬▬ ▬▬▬▬▬ ▬▬▬▬ ▬▬▬ ▬▬▬▬ ▬▬▬▬▬▬▬ ▬▬▬▬▬▬▬▬ ▬▬▬▬ ▬▬▬▬▬▬▬ ▬▬▬▬▬ ▬▬▬ ▬▬▬▬▬▬▬ ▬▬▬▬▬▬▬▬ ▬▬▬▬▬▬ ▬▬▬▬▬ ▬▬▬▬▬▬▬▬ ▬▬▬▬▬▬ ▬▬▬▬▬ ▬▬▬▬▬ ▬▬▬▬▬▬▬▬ ▬▬▬▬▬▬▬▬ ▬▬ ▬▬▬▬▬ ▬▬▬▬▬▬▬ ▬▬▬▬▬▬ ▬▬ ▬▬▬▬▬▬▬ ▬▬▬▬▬ ▬▬▬▬▬▬ ▬▬▬ ▬▬▬▬▬▬▬ ▬▬▬▬▬▬ ▬▬▬▬▬ ▬▬▬▬▬▬▬ ▬▬▬▬ ▬▬▬▬ ▬▬▬ ▬▬▬ ▬▬ ▬▬▬▬▬▬▬ ▬▬▬▬▬ ▬▬▬▬ ▬▬▬▬▬ ▬▬▬▬▬▬ ▬▬▬▬▬▬▬▬ ▬▬ ▬▬▬▬▬▬▬▬ ▬▬▬▬▬ ▬▬▬▬▬ ▬▬▬▬▬ ▬▬ ▬▬▬▬▬ ▬▬▬▬▬▬▬▬ ▬▬▬▬ ▬▬▬▬▬▬▬ ▬▬▬▬ ▬▬▬▬ ▬▬▬▬ ▬▬▬▬ ▬▬ ▬▬▬▬▬▬▬▬ ▬▬ ▬▬▬▬▬▬ ▬▬▬▬▬ ▬▬▬▬▬▬▬ ▬▬▬▬▬▬ ▬▬▬▬▬▬▬ ▬▬▬ ▬▬▬▬▬ ▬▬▬▬▬▬▬ ▬▬ ▬▬▬ ▬▬▬ ▬▬▬▬ ▬▬▬▬▬ ▬▬▬▬▬▬▬ ▬▬ ▬▬▬▬ ▬▬▬▬▬ ▬▬▬▬ ▬▬▬▬▬ ▬▬▬▬▬▬▬ ▬▬▬▬▬▬▬ ▬▬▬▬▬▬ ▬▬▬ ▬▬▬▬▬▬▬ ▬▬▬▬▬▬▬ ▬▬▬ ▬▬▬▬ ▬▬▬▬▬▬▬▬ ▬▬▬▬▬ ▬▬▬ ▬▬▬▬▬ ▬▬ ▬▬▬▬ ▬▬▬▬▬ ▬▬▬▬▬▬ ▬▬▬▬▬ ▬▬▬▬▬▬▬▬ ▬▬▬ ▬▬▬▬ ▬▬▬▬▬ ▬▬▬▬▬ ▬▬▬ ▬▬▬▬▬▬▬▬ ▬▬▬ ▬▬▬▬▬ ▬▬▬ ▬▬▬▬▬▬ ▬▬▬▬▬▬▬▬ ▬▬ ▬▬▬▬▬▬▬▬ ▬▬▬▬▬▬▬ ▬▬▬▬▬ ▬▬▬▬▬▬
▬▬▬▬ ▬▬▬▬▬▬ ▬▬ ▬▬▬▬▬
▬▬▬▬ ▬▬ ▬▬▬▬▬▬▬ ▬▬▬▬▬ ▬▬▬▬▬▬▬ ▬▬▬▬ ▬▬▬▬▬ ▬▬▬▬▬ ▬▬▬ ▬▬▬▬▬▬▬ ▬▬▬ ▬▬▬▬▬▬▬▬ ▬▬▬▬▬▬ ▬▬▬▬ ▬▬▬▬▬▬ ▬▬▬▬▬▬▬ ▬▬▬▬▬▬▬▬ ▬▬▬▬ ▬▬▬▬▬▬ ▬▬▬▬▬▬▬▬ ▬▬▬▬ ▬▬▬▬▬ ▬▬ ▬▬▬▬▬▬▬ ▬▬ ▬▬ ▬▬▬▬▬▬▬▬ ▬▬▬▬ ▬▬▬▬▬▬▬▬ ▬▬▬ ▬▬▬▬▬▬▬ ▬▬▬▬ ▬▬▬▬▬▬▬▬ ▬▬▬▬ ▬▬▬▬ ▬▬▬▬▬▬▬ ▬▬ ▬▬▬▬▬▬ ▬▬▬▬▬ ▬▬▬▬ ▬▬▬▬▬▬▬▬ ▬▬ ▬▬▬▬▬▬▬ ▬▬▬▬▬ ▬▬▬ ▬▬▬▬▬ ▬▬▬▬▬ ▬▬▬▬▬▬ ▬▬▬▬▬ ▬▬▬ ▬▬▬▬ ▬▬▬▬▬▬▬ ▬▬▬▬▬▬ ▬▬ ▬▬ ▬▬▬ ▬▬▬▬▬▬▬ ▬▬ ▬▬▬▬▬▬▬▬ ▬▬▬ ▬▬ ▬▬▬▬▬ ▬▬ ▬▬▬▬▬ ▬▬▬▬▬▬▬▬ ▬▬▬▬▬▬ ▬▬ ▬▬▬ ▬▬▬▬ ▬▬ ▬▬▬▬▬▬▬ ▬▬▬ ▬▬▬▬▬▬▬▬ ▬▬▬▬▬▬ ▬▬▬▬▬▬ ▬▬▬▬▬▬ ▬▬▬▬▬ ▬▬▬ ▬▬▬ ▬▬▬▬ ▬▬ ▬▬▬▬ ▬▬▬ ▬▬▬▬▬ ▬▬▬▬▬ ▬▬▬▬▬▬▬ ▬▬▬ ▬▬▬ ▬▬▬▬▬ ▬▬▬▬▬▬▬▬ ▬▬▬▬▬▬ ▬▬▬▬▬▬ ▬▬▬▬▬▬ ▬▬ ▬▬▬▬▬▬▬▬ ▬▬ ▬▬▬ ▬▬▬▬ ▬▬▬▬▬▬▬▬ ▬▬▬▬▬▬▬ ▬▬▬▬ ▬▬▬ ▬▬▬▬▬▬▬ ▬▬▬▬▬▬▬▬ ▬▬▬▬▬▬▬▬ ▬▬▬ ▬▬▬▬ ▬▬▬▬▬▬▬ ▬▬▬ ▬▬▬▬▬▬▬ ▬▬▬ ▬▬▬▬ ▬▬▬ ▬▬▬▬▬ ▬▬ ▬▬▬▬▬▬▬▬ ▬▬▬▬▬▬ ▬▬▬▬ ▬▬▬▬ ▬▬▬▬▬▬▬ ▬▬▬▬▬▬▬▬ ▬▬▬ ▬▬▬▬▬ ▬▬▬▬▬▬▬ ▬▬▬▬▬▬▬ ▬▬▬ ▬▬▬▬▬▬ ▬▬▬▬▬ ▬▬▬▬▬▬ ▬▬▬▬▬ ▬▬▬▬ ▬▬ ▬▬▬▬▬▬▬ ▬▬▬▬ ▬▬▬▬▬▬▬▬ ▬▬▬▬▬▬▬ ▬▬▬▬▬▬▬▬ ▬▬▬ ▬▬▬▬▬▬▬▬ ▬▬▬▬ ▬▬▬▬▬▬▬▬ ▬▬▬▬▬ ▬▬ ▬▬▬▬▬ ▬▬▬▬▬▬▬▬ ▬▬▬▬ ▬▬▬ ▬▬▬ ▬▬▬▬ ▬▬▬▬▬ ▬▬▬▬ ▬▬▬▬▬▬ ▬▬▬▬ ▬▬▬▬▬▬▬ ▬▬▬▬▬▬ ▬▬▬▬▬ ▬▬▬▬▬▬▬ ▬▬▬▬ ▬▬▬ ▬▬▬▬▬▬▬ ▬▬▬▬▬ ▬▬▬▬▬▬ ▬▬ ▬▬▬▬▬▬▬ ▬▬▬▬ ▬▬ ▬▬▬ ▬▬▬▬▬ ▬▬▬▬▬▬▬ ▬▬▬▬▬▬▬ ▬▬▬▬ ▬▬▬▬▬▬▬▬ ▬▬▬ ▬▬▬▬▬▬ ▬▬▬▬▬ ▬▬▬▬▬▬▬▬ ▬▬ ▬▬▬ ▬▬▬▬▬ ▬▬▬▬▬▬▬▬ ▬▬ ▬▬ ▬▬▬▬ ▬▬▬▬▬ ▬▬▬▬▬▬▬▬ ▬▬▬▬▬▬ ▬▬▬▬▬▬▬ ▬▬▬▬▬▬▬ ▬▬▬▬▬ ▬▬▬▬▬▬ ▬▬▬▬ ▬▬▬▬▬▬ ▬▬▬▬▬▬▬ ▬▬▬▬▬▬ ▬▬ ▬▬▬ ▬▬▬▬ ▬▬▬▬▬▬▬
▬▬ ▬▬▬▬▬ ▬▬▬ ▬▬▬▬▬
▬▬ ▬▬▬▬▬▬▬▬ ▬▬▬▬▬▬▬▬ ▬▬▬▬▬ ▬▬▬▬▬ ▬▬▬▬ ▬▬▬▬▬▬▬▬ ▬▬ ▬▬▬ ▬▬ ▬▬▬▬ ▬▬▬▬▬▬▬▬ ▬▬▬▬▬▬▬▬ ▬▬ ▬▬▬▬▬ ▬▬▬▬▬▬▬▬ ▬▬▬ ▬▬▬▬▬▬ ▬▬▬▬ ▬▬▬▬▬ ▬▬ ▬▬▬▬▬▬▬▬ ▬▬▬▬▬▬▬▬ ▬▬ ▬▬▬▬ ▬▬▬▬▬▬▬▬ ▬▬ ▬▬▬▬ ▬▬▬▬▬▬▬ ▬▬ ▬▬▬ ▬▬▬ ▬▬ ▬▬▬▬ ▬▬▬▬▬▬▬▬ ▬▬▬▬▬ ▬▬▬▬▬ ▬▬▬▬▬▬▬▬ ▬▬▬▬ ▬▬▬▬▬▬▬▬ ▬▬▬▬▬▬▬▬ ▬▬▬▬▬▬ ▬▬▬▬ ▬▬▬▬▬▬ ▬▬ ▬▬▬▬▬ ▬▬▬▬ ▬▬▬▬ ▬▬▬▬ ▬▬▬ ▬▬▬▬▬ ▬▬▬▬ ▬▬▬▬▬▬▬ ▬▬▬ ▬▬▬▬▬▬▬ ▬▬▬ ▬▬▬▬▬ ▬▬ ▬▬▬▬▬▬▬ ▬▬ ▬▬▬▬▬ ▬▬▬ ▬▬▬▬▬▬ ▬▬▬▬▬ ▬▬▬▬▬ ▬▬▬ ▬▬ ▬▬ ▬▬▬▬▬▬▬ ▬▬▬ ▬▬▬ ▬▬▬▬▬▬▬ ▬▬▬▬▬▬ ▬▬▬▬ ▬▬▬ ▬▬ ▬▬▬▬▬ ▬▬ ▬▬▬ ▬▬▬▬▬▬ ▬▬ ▬▬▬▬ ▬▬▬▬▬ ▬▬▬ ▬▬▬▬▬▬▬▬ ▬▬▬▬▬▬▬ ▬▬▬▬▬▬▬▬ ▬▬▬▬▬▬▬▬ ▬▬▬▬▬ ▬▬▬ ▬▬▬▬ ▬▬▬▬ ▬▬ ▬▬▬▬▬▬ ▬▬ ▬▬▬ ▬▬ ▬▬▬▬▬▬▬▬ ▬▬▬▬ ▬▬ ▬▬▬▬ ▬▬▬▬▬▬▬ ▬▬▬▬▬▬ ▬▬▬▬ ▬▬▬▬▬▬ ▬▬▬▬▬ ▬▬▬▬▬▬ ▬▬▬▬▬ ▬▬▬▬▬▬▬▬ ▬▬▬ ▬▬▬▬▬ ▬▬ ▬▬▬▬▬ ▬▬▬▬▬▬▬▬ ▬▬▬▬▬ ▬▬ ▬▬▬▬▬ ▬▬▬▬ ▬▬ ▬▬▬ ▬▬▬▬▬▬▬▬ ▬▬▬▬▬ ▬▬▬▬▬ ▬▬▬▬▬▬▬▬ ▬▬▬▬▬▬ ▬▬▬▬▬▬ ▬▬▬▬ ▬▬▬▬▬▬ ▬▬ ▬▬▬▬▬▬ ▬▬▬▬▬▬▬ ▬▬▬▬▬▬▬ ▬▬▬▬▬▬▬ ▬▬▬▬▬▬▬ ▬▬▬▬▬ ▬▬▬▬▬▬▬ ▬▬▬▬▬▬ ▬▬▬▬▬ ▬▬▬▬ ▬▬▬▬▬▬▬ ▬▬▬ ▬▬▬ ▬▬▬▬▬ ▬▬▬▬ ▬▬▬▬▬▬ ▬▬▬ ▬▬▬ ▬▬▬▬▬▬▬ ▬▬▬▬▬▬▬▬ ▬▬▬ ▬▬▬▬▬▬▬▬ ▬▬▬▬▬▬ ▬▬▬▬ ▬▬
▬▬▬▬▬▬▬ ▬▬▬▬ ▬▬▬▬ ▬▬▬▬▬
▬▬▬▬▬▬▬ ▬▬▬▬▬▬▬ ▬▬▬▬▬▬▬ ▬▬▬▬▬ ▬▬▬ ▬▬▬▬▬▬ ▬▬▬▬ ▬▬▬▬▬▬ ▬▬▬▬▬▬▬▬ ▬▬▬▬ ▬▬▬▬▬ ▬▬▬▬▬▬▬▬ ▬▬▬▬▬▬▬▬ ▬▬▬▬▬▬▬ ▬▬▬▬ ▬▬▬▬ ▬▬▬▬▬ ▬▬▬▬▬▬ ▬▬ ▬▬ ▬▬ ▬▬ ▬▬▬▬▬▬▬ ▬▬▬▬▬▬ ▬▬▬▬ ▬▬ ▬▬▬▬▬ ▬▬▬▬▬▬ ▬▬▬▬▬▬▬▬ ▬▬▬ ▬▬▬▬▬▬ ▬▬ ▬▬▬▬▬▬▬▬ ▬▬ ▬▬▬▬▬▬▬ ▬▬▬ ▬▬▬ ▬▬▬ ▬▬▬ ▬▬▬▬▬▬▬ ▬▬▬▬▬▬▬▬ ▬▬▬ ▬▬▬ ▬▬ ▬▬▬▬▬▬▬▬ ▬▬▬▬▬▬▬ ▬▬▬▬▬▬▬▬ ▬▬ ▬▬▬▬▬▬▬▬ ▬▬▬ ▬▬▬▬▬▬ ▬▬▬▬▬▬▬▬ ▬▬▬▬▬▬ ▬▬▬▬ ▬▬▬ ▬▬▬ ▬▬▬ ▬▬ ▬▬▬▬▬▬▬▬ ▬▬▬▬▬▬▬▬ ▬▬▬▬▬▬▬▬ ▬▬▬ ▬▬▬ ▬▬▬▬▬▬▬ ▬▬ ▬▬ ▬▬▬▬ ▬▬▬ ▬▬▬ ▬▬▬▬ ▬▬▬▬▬▬ ▬▬▬▬▬▬ ▬▬ ▬▬▬▬ ▬▬▬▬▬▬▬ ▬▬▬ ▬▬▬▬▬▬▬ ▬▬▬ ▬▬▬ ▬▬▬▬▬▬▬▬ ▬▬ ▬▬▬▬ ▬▬▬▬▬▬▬ ▬▬▬▬▬▬ ▬▬▬▬ ▬▬ ▬▬▬▬ ▬▬▬▬▬▬▬▬ ▬▬▬▬▬ ▬▬▬▬▬ ▬▬▬▬▬▬▬ ▬▬ ▬▬▬▬▬ ▬▬▬ ▬▬▬▬▬ ▬▬▬▬ ▬▬▬▬▬▬ ▬▬▬▬▬ ▬▬ ▬▬ ▬▬▬▬ ▬▬ ▬▬▬ ▬▬▬▬▬ ▬▬▬▬▬▬ ▬▬ ▬▬▬▬▬▬▬▬ ▬▬▬ ▬▬▬▬ ▬▬▬▬ ▬▬▬▬▬▬▬ ▬▬ ▬▬▬▬▬▬▬ ▬▬▬▬ ▬▬▬▬▬▬▬▬ ▬▬▬▬▬▬▬▬ ▬▬▬▬▬▬ ▬▬▬▬▬▬ ▬▬▬▬▬▬▬ ▬▬▬▬ ▬▬▬▬▬▬▬▬ ▬▬ ▬▬▬▬▬ ▬▬▬▬ ▬▬▬▬▬ ▬▬▬▬▬▬▬ ▬▬▬▬▬▬▬ ▬▬▬▬▬▬▬ ▬▬▬ ▬▬▬▬▬▬▬ ▬▬▬ ▬▬▬ ▬▬▬▬▬▬▬ ▬▬▬▬▬ ▬▬▬▬ ▬▬▬▬▬▬▬ ▬▬ ▬▬▬▬▬ ▬▬▬▬▬▬▬ ▬▬▬ ▬▬▬▬▬ ▬▬▬ ▬▬▬▬▬▬ ▬▬▬ ▬▬ ▬▬ ▬▬▬ ▬▬▬▬ ▬▬▬▬▬ ▬▬▬ ▬▬▬▬▬▬▬ ▬▬▬▬▬▬ ▬▬▬▬▬▬ ▬▬ ▬▬▬ ▬▬▬▬▬ ▬▬▬ ▬▬▬ ▬▬ ▬▬▬▬▬▬▬▬ ▬▬▬▬▬▬ ▬▬▬▬▬ ▬▬▬ ▬▬▬ ▬▬ ▬▬▬▬▬ ▬▬▬▬ ▬▬▬▬▬ ▬▬▬▬ ▬▬▬▬ ▬▬▬▬▬▬▬ ▬▬▬▬▬▬▬▬ ▬▬▬ ▬▬▬▬ ▬▬▬▬▬ ▬▬▬▬ ▬▬▬▬▬ ▬▬▬▬▬ ▬▬▬▬▬ ▬▬▬▬▬▬ ▬▬▬▬▬▬▬▬ ▬▬▬▬▬▬▬▬ ▬▬▬▬▬▬▬ ▬▬▬▬▬▬▬ ▬▬▬▬ ▬▬▬▬▬▬▬▬ ▬▬▬▬▬▬▬ ▬▬▬ ▬▬▬▬▬▬▬ ▬▬▬▬▬▬ ▬▬ ▬▬ ▬▬▬▬ ▬▬ ▬▬▬▬▬▬▬ ▬▬▬▬▬▬▬▬ ▬▬▬ ▬▬▬▬▬▬ ▬▬▬▬▬▬▬ ▬▬▬▬▬▬▬ ▬▬▬▬▬▬ ▬▬▬▬▬▬▬▬ ▬▬▬▬▬▬▬▬ ▬▬▬ ▬▬ ▬▬▬▬▬▬▬▬ ▬▬▬▬▬▬ ▬▬▬▬▬ ▬▬▬▬▬ ▬▬▬▬▬▬ ▬▬▬▬ ▬▬▬▬▬▬ ▬▬▬▬▬▬▬▬ ▬▬▬ ▬▬▬▬▬▬▬ ▬▬▬▬▬ ▬▬▬ ▬▬▬ ▬▬▬▬▬▬▬ ▬▬▬▬▬▬
▬▬▬▬▬ ▬▬▬ ▬▬▬▬▬ ▬▬▬▬▬
▬▬▬▬▬ ▬▬▬▬▬▬ ▬▬▬▬▬▬▬▬ ▬▬▬▬▬ ▬▬▬▬▬▬▬▬ ▬▬▬▬▬▬▬▬ ▬▬▬▬▬▬▬ ▬▬▬ ▬▬▬▬▬▬▬▬ ▬▬▬▬ ▬▬▬▬▬▬ ▬▬▬▬▬▬▬▬ ▬▬▬ ▬▬▬▬▬▬▬ ▬▬▬▬▬▬▬▬ ▬▬▬▬▬ ▬▬▬▬▬▬▬ ▬▬▬▬▬▬▬▬ ▬▬▬▬▬▬▬ ▬▬▬▬▬▬ ▬▬ ▬▬▬▬▬ ▬▬▬▬ ▬▬▬▬▬▬▬▬ ▬▬▬▬ ▬▬▬▬▬▬▬▬ ▬▬▬▬▬▬▬▬ ▬▬▬▬▬▬ ▬▬▬▬▬▬▬ ▬▬ ▬▬ ▬▬▬▬▬▬▬▬ ▬▬ ▬▬ ▬▬▬▬ ▬▬▬▬▬▬ ▬▬▬▬▬▬▬▬ ▬▬▬▬▬▬▬ ▬▬ ▬▬▬▬ ▬▬▬▬▬▬ ▬▬▬▬▬▬▬ ▬▬ ▬▬▬▬▬ ▬▬▬▬▬▬▬ ▬▬▬▬▬▬▬ ▬▬▬▬▬▬▬ ▬▬▬▬▬▬▬ ▬▬▬▬▬▬▬ ▬▬▬ ▬▬▬▬▬▬▬ ▬▬▬▬▬ ▬▬▬▬▬▬▬ ▬▬▬▬▬ ▬▬▬▬▬▬▬▬ ▬▬▬▬▬ ▬▬▬▬▬▬▬▬ ▬▬ ▬▬▬▬▬▬▬ ▬▬▬▬▬ ▬▬▬▬ ▬▬▬▬▬▬▬▬ ▬▬▬▬▬ ▬▬▬▬▬▬▬ ▬▬▬▬ ▬▬▬▬▬▬ ▬▬▬▬ ▬▬▬▬ ▬▬▬▬▬▬ ▬▬▬▬▬▬▬ ▬▬ ▬▬▬ ▬▬▬▬▬▬▬ ▬▬ ▬▬▬▬▬▬ ▬▬▬▬ ▬▬▬▬▬▬▬ ▬▬ ▬▬▬▬▬ ▬▬▬ ▬▬ ▬▬▬▬▬▬ ▬▬ ▬▬ ▬▬▬▬▬▬▬ ▬▬ ▬▬ ▬▬▬▬▬▬▬▬ ▬▬▬ ▬▬▬▬▬▬▬ ▬▬▬▬▬ ▬▬▬▬▬ ▬▬▬▬▬▬▬▬ ▬▬▬▬▬▬▬ ▬▬▬▬▬▬ ▬▬▬▬▬ ▬▬▬▬▬ ▬▬▬▬ ▬▬▬▬▬ ▬▬ ▬▬▬▬ ▬▬▬▬▬▬ ▬▬ ▬▬▬▬▬▬ ▬▬▬▬ ▬▬▬▬▬▬ ▬▬▬ ▬▬▬▬▬▬▬▬ ▬▬ ▬▬▬▬▬▬▬ ▬▬▬▬ ▬▬ ▬▬ ▬▬▬▬▬▬▬ ▬▬ ▬▬ ▬▬▬▬▬▬▬ ▬▬▬▬▬▬ ▬▬▬▬▬ ▬▬▬▬▬▬▬ ▬▬▬ ▬▬▬▬ ▬▬▬▬▬ ▬▬▬▬▬ ▬▬ ▬▬▬ ▬▬▬▬▬ ▬▬▬▬▬▬▬▬ ▬▬▬▬ ▬▬▬▬▬▬▬▬ ▬▬▬▬▬▬ ▬▬▬▬▬▬▬▬ ▬▬▬▬▬▬▬ ▬▬▬▬▬▬▬▬ ▬▬▬▬▬▬▬▬ ▬▬▬▬▬▬▬ ▬▬▬▬▬ ▬▬▬▬▬▬▬ ▬▬▬▬▬▬▬▬ ▬▬▬▬▬▬ ▬▬▬▬▬ ▬▬▬▬▬▬▬▬ ▬▬▬▬▬▬▬ ▬▬ ▬▬▬▬▬ ▬▬▬▬▬▬▬▬ ▬▬▬ ▬▬▬▬▬▬ ▬▬▬▬▬▬▬ ▬▬▬▬▬▬▬▬ ▬▬▬▬ ▬▬▬▬ ▬▬▬▬▬▬ ▬▬ ▬▬▬▬ ▬▬▬▬▬▬ ▬▬▬▬▬▬▬ ▬▬▬▬▬▬▬ ▬▬▬▬ ▬▬▬ ▬▬▬▬ ▬▬ ▬▬▬▬▬▬ ▬▬▬▬▬▬▬ ▬▬▬ ▬▬▬▬▬ ▬▬ ▬▬▬▬▬▬▬ ▬▬▬▬▬ ▬▬▬▬▬▬▬▬ ▬▬▬▬▬ ▬▬▬▬▬▬▬▬ ▬▬ ▬▬▬▬ ▬▬▬ ▬▬▬▬▬▬▬
▬▬▬ ▬▬ ▬▬▬▬▬▬ ▬▬▬▬▬
▬▬▬ ▬▬▬▬▬ ▬▬ ▬▬▬▬▬ ▬▬▬▬▬▬ ▬▬▬▬▬▬▬▬ ▬▬▬ ▬▬▬▬▬▬▬ ▬▬▬▬▬▬ ▬▬▬▬▬▬ ▬▬ ▬▬▬▬▬▬▬▬ ▬▬▬ ▬▬▬▬▬ ▬▬▬▬▬▬▬ ▬▬▬▬▬▬▬▬ ▬▬▬▬▬▬▬ ▬▬▬▬▬▬▬▬ ▬▬▬▬▬ ▬▬▬ ▬▬ ▬▬▬▬▬▬ ▬▬▬ ▬▬▬ ▬▬▬▬▬▬ ▬▬▬▬▬▬▬ ▬▬▬▬ ▬▬▬▬▬▬▬▬ ▬▬▬▬▬▬ ▬▬▬▬▬▬▬▬ ▬▬▬▬▬ ▬▬▬▬▬▬▬ ▬▬▬▬▬▬▬▬ ▬▬ ▬▬▬▬▬▬▬▬ ▬▬▬▬ ▬▬▬▬▬▬ ▬▬ ▬▬▬▬▬▬▬▬ ▬▬▬▬▬▬▬▬ ▬▬▬▬▬▬ ▬▬▬▬ ▬▬▬▬▬▬ ▬▬▬▬▬▬▬▬ ▬▬▬▬▬▬ ▬▬ ▬▬▬▬ ▬▬▬▬▬▬▬ ▬▬▬▬▬▬ ▬▬▬ ▬▬▬▬▬▬▬▬ ▬▬ ▬▬▬▬▬▬▬▬ ▬▬▬▬▬▬ ▬▬▬▬▬▬ ▬▬▬▬▬ ▬▬▬▬▬▬ ▬▬▬▬▬▬▬ ▬▬▬▬▬▬▬▬ ▬▬▬▬ ▬▬▬▬▬▬▬ ▬▬▬▬▬▬ ▬▬ ▬▬▬▬▬▬▬ ▬▬▬▬▬▬▬▬ ▬▬▬ ▬▬▬▬ ▬▬▬ ▬▬ ▬▬▬▬▬▬▬▬ ▬▬▬▬▬▬▬ ▬▬ ▬▬▬▬▬ ▬▬ ▬▬▬ ▬▬▬▬▬▬▬ ▬▬▬▬▬▬▬ ▬▬▬ ▬▬▬▬▬ ▬▬▬▬▬ ▬▬ ▬▬▬▬▬▬ ▬▬ ▬▬▬▬▬▬▬ ▬▬▬ ▬▬ ▬▬▬▬▬▬▬ ▬▬▬▬▬▬ ▬▬▬ ▬▬ ▬▬▬ ▬▬▬ ▬▬▬▬ ▬▬▬▬ ▬▬▬▬▬▬▬ ▬▬▬▬▬▬▬▬ ▬▬ ▬▬▬▬▬▬▬▬ ▬▬▬▬▬▬▬▬ ▬▬▬▬ ▬▬▬▬ ▬▬▬▬▬▬▬▬ ▬▬▬▬▬▬ ▬▬ ▬▬ ▬▬▬ ▬▬▬▬▬▬▬ ▬▬▬▬▬▬▬▬ ▬▬▬▬▬ ▬▬▬ ▬▬▬▬▬▬ ▬▬▬▬▬▬▬ ▬▬▬▬ ▬▬▬ ▬▬▬▬▬ ▬▬▬ ▬▬▬▬▬▬▬▬ ▬▬▬▬▬▬ ▬▬▬ ▬▬▬▬▬▬▬▬ ▬▬▬ ▬▬▬▬▬▬ ▬▬▬▬▬ ▬▬▬▬▬▬ ▬▬▬▬▬▬▬▬ ▬▬▬▬▬▬ ▬▬▬▬▬▬▬▬ ▬▬ ▬▬▬▬▬ ▬▬ ▬▬ ▬▬▬▬▬▬ ▬▬▬▬▬▬▬ ▬▬▬▬ ▬▬▬▬▬ ▬▬ ▬▬▬ ▬▬▬▬▬▬▬ ▬▬▬▬ ▬▬ ▬▬▬▬▬▬▬ ▬▬▬▬▬▬▬▬ ▬▬▬▬▬▬▬▬ ▬▬▬▬▬▬▬▬ ▬▬▬ ▬▬▬▬▬▬▬ ▬▬▬▬▬ ▬▬▬ ▬▬▬▬ ▬▬▬▬▬▬ ▬▬▬▬▬▬▬▬ ▬▬▬▬ ▬▬▬▬▬▬▬▬ ▬▬ ▬▬▬▬▬▬▬ ▬▬▬▬▬ ▬▬▬▬ ▬▬▬▬ ▬▬▬▬▬▬▬▬ ▬▬▬▬▬▬▬ ▬▬▬▬▬▬▬ ▬▬▬▬ ▬▬ ▬▬▬▬ ▬▬ ▬▬▬ ▬▬▬▬▬ ▬▬▬▬▬▬▬ ▬▬▬▬▬▬▬▬ ▬▬▬ ▬▬▬ ▬▬▬▬▬▬▬▬ ▬▬▬ ▬▬ ▬▬▬ ▬▬▬▬▬ ▬▬▬▬▬▬ ▬▬▬▬▬▬▬ ▬▬▬▬▬▬▬ ▬▬▬▬▬▬ ▬▬ ▬▬▬▬▬▬▬ ▬▬▬▬▬ ▬▬ ▬▬▬▬▬ ▬▬▬▬▬ ▬▬▬▬▬▬▬ ▬▬▬▬▬▬▬▬ ▬▬▬▬ ▬▬▬▬▬▬ ▬▬▬▬▬ ▬▬▬▬▬ ▬▬▬▬▬▬▬▬ ▬▬▬▬▬ ▬▬▬▬▬ ▬▬▬▬ ▬▬▬▬ ▬▬▬▬▬ ▬▬▬▬▬▬ ▬▬ ▬▬▬▬▬▬▬ ▬▬▬▬▬▬▬ ▬▬▬▬ ▬▬ ▬▬▬ ▬▬▬▬▬ ▬▬ ▬▬▬ ▬▬▬▬▬▬ ▬▬▬▬▬▬▬ ▬▬▬▬▬ ▬▬ ▬▬▬▬▬▬▬▬ ▬▬ ▬▬▬▬▬▬▬ ▬▬▬▬▬ ▬▬ ▬▬▬▬▬▬▬▬ ▬▬▬▬▬▬▬▬ ▬▬ ▬▬ ▬▬▬▬▬ ▬▬▬▬▬▬▬ ▬▬▬▬▬▬ ▬▬▬▬▬▬▬▬ ▬▬▬▬▬▬ ▬▬▬▬▬▬ ▬▬▬▬▬▬▬▬ ▬▬▬▬▬▬▬▬ ▬▬▬▬▬▬▬ ▬▬▬▬▬ ▬▬▬▬ ▬▬▬▬▬▬▬ ▬▬ ▬▬▬▬▬▬ ▬▬▬▬▬▬▬▬ ▬▬▬▬▬▬▬▬ ▬▬▬▬▬ ▬▬▬▬▬▬ ▬▬▬▬▬▬▬ ▬▬▬▬▬▬▬▬ ▬▬▬▬▬▬▬▬
▬▬▬▬▬▬▬▬ ▬▬▬▬▬▬▬▬ ▬▬▬▬▬▬▬ ▬▬▬▬▬
▬▬▬▬▬▬ ▬▬ ▬▬▬ ▬▬▬▬▬ ▬▬▬▬ ▬▬▬ ▬▬▬▬▬▬▬▬ ▬▬ ▬▬▬▬▬▬ ▬▬▬▬▬▬▬▬ ▬▬▬ ▬▬▬▬▬▬▬▬ ▬▬▬ ▬▬▬ ▬▬▬▬▬▬ ▬▬ ▬▬ ▬▬▬▬▬▬▬▬ ▬▬▬ ▬▬▬▬▬▬▬ ▬▬ ▬▬ ▬▬ ▬▬▬▬▬▬▬ ▬▬▬▬▬▬ ▬▬▬▬▬▬▬▬ ▬▬▬▬▬▬▬ ▬▬▬ ▬▬▬▬▬▬▬ ▬▬▬▬▬▬▬ ▬▬▬▬▬▬▬▬ ▬▬▬▬▬▬ ▬▬ ▬▬ ▬▬▬▬▬▬▬ ▬▬ ▬▬▬▬ ▬▬▬▬ ▬▬▬▬▬▬▬ ▬▬▬▬▬ ▬▬▬▬▬▬ ▬▬▬▬▬▬▬▬ ▬▬▬▬▬ ▬▬▬▬ ▬▬▬▬▬▬▬ ▬▬ ▬▬▬ ▬▬▬▬▬ ▬▬▬ ▬▬▬ ▬▬▬▬ ▬▬▬▬▬▬ ▬▬ ▬▬ ▬▬▬▬ ▬▬▬▬▬ ▬▬▬▬ ▬▬▬▬▬▬▬ ▬▬▬▬▬▬▬ ▬▬▬ ▬▬▬ ▬▬▬▬ ▬▬▬▬ ▬▬ ▬▬▬▬▬ ▬▬▬▬▬▬▬ ▬▬▬▬ ▬▬▬▬ ▬▬▬▬▬ ▬▬▬▬ ▬▬▬ ▬▬▬▬▬▬ ▬▬▬ ▬▬▬▬▬▬▬ ▬▬▬▬▬▬▬ ▬▬▬▬▬▬▬▬ ▬▬ ▬▬ ▬▬▬▬▬ ▬▬▬▬▬ ▬▬ ▬▬▬▬▬▬▬▬ ▬▬▬▬ ▬▬▬ ▬▬▬▬▬▬ ▬▬▬▬ ▬▬▬ ▬▬▬▬▬▬ ▬▬▬ ▬▬▬▬ ▬▬▬▬▬▬ ▬▬▬▬▬▬ ▬▬▬▬▬▬▬ ▬▬▬▬▬▬▬▬ ▬▬▬▬▬▬▬▬ ▬▬ ▬▬▬▬▬▬▬▬ ▬▬▬▬▬ ▬▬▬▬▬▬ ▬▬▬▬ ▬▬▬▬ ▬▬▬ ▬▬▬▬▬ ▬▬▬ ▬▬ ▬▬▬▬▬▬▬ ▬▬ ▬▬▬▬▬▬ ▬▬▬ ▬▬▬▬▬▬ ▬▬▬▬▬▬▬▬ ▬▬▬▬▬▬▬ ▬▬▬▬▬▬ ▬▬▬▬▬▬ ▬▬▬▬▬▬▬▬ ▬▬▬▬ ▬▬▬▬▬▬▬ ▬▬▬▬▬▬ ▬▬▬▬▬▬▬▬ ▬▬▬▬ ▬▬▬ ▬▬▬▬▬▬▬▬ ▬▬▬▬▬ ▬▬▬▬▬▬▬ ▬▬▬▬▬▬▬ ▬▬▬▬▬▬▬ ▬▬▬▬▬▬ ▬▬▬ ▬▬▬▬▬▬ ▬▬▬ ▬▬▬ ▬▬ ▬▬▬▬▬▬▬ ▬▬▬▬▬▬▬ ▬▬ ▬▬ ▬▬▬▬▬▬ ▬▬ ▬▬▬▬▬▬▬ ▬▬▬▬▬ ▬▬ ▬▬▬▬▬▬ ▬▬▬▬ ▬▬▬▬▬▬▬ ▬▬▬▬▬▬ ▬▬▬▬▬▬ ▬▬▬▬▬ ▬▬▬▬▬▬▬ ▬▬▬▬▬▬▬▬ ▬▬▬▬▬▬ ▬▬▬▬▬ ▬▬▬▬ ▬▬▬▬▬▬▬▬ ▬▬ ▬▬▬▬▬▬▬▬ ▬▬▬▬▬▬ ▬▬▬▬▬▬▬▬ ▬▬▬▬▬▬▬▬ ▬▬▬ ▬▬▬▬ ▬▬▬▬▬ ▬▬▬▬▬▬▬▬ ▬▬▬▬▬▬▬ ▬▬▬▬▬▬▬▬ ▬▬▬▬▬▬▬▬ ▬▬▬▬▬▬▬▬ ▬▬▬ ▬▬▬▬▬▬▬ ▬▬▬▬ ▬▬▬▬▬ ▬▬▬▬▬▬▬▬ ▬▬▬▬▬▬▬▬ ▬▬▬▬ ▬▬ ▬▬▬ ▬▬▬▬▬▬▬▬ ▬▬▬▬▬ ▬▬▬▬▬▬▬▬ ▬▬▬▬▬▬▬ ▬▬▬▬▬▬ ▬▬▬▬▬ ▬▬ ▬▬▬ ▬▬▬ ▬▬ ▬▬▬▬▬▬▬ ▬▬▬▬▬▬▬ ▬▬▬▬▬ ▬▬▬▬▬ ▬▬▬▬▬▬ ▬▬▬▬ ▬▬▬▬ ▬▬▬▬ ▬▬ ▬▬▬▬ ▬▬ ▬▬▬▬▬▬ ▬▬▬▬▬▬▬▬
▬▬▬▬▬▬ ▬▬▬▬▬ ▬▬▬▬▬▬▬▬ ▬▬▬▬▬
▬▬▬▬ ▬▬▬▬▬▬▬▬ ▬▬▬▬ ▬▬▬▬▬ ▬▬▬▬ ▬▬▬▬▬ ▬▬▬▬ ▬▬▬▬▬▬ ▬▬▬▬ ▬▬▬▬▬▬▬▬ ▬▬▬▬ ▬▬▬ ▬▬▬▬▬ ▬▬▬▬▬▬▬▬ ▬▬▬▬▬ ▬▬▬▬▬ ▬▬▬▬ ▬▬▬ ▬▬▬▬▬▬▬▬ ▬▬▬▬ ▬▬ ▬▬▬ ▬▬▬▬▬▬▬▬ ▬▬ ▬▬▬▬▬▬▬▬ ▬▬▬▬▬▬▬ ▬▬▬▬▬▬▬▬ ▬▬▬ ▬▬▬▬▬▬ ▬▬▬▬▬▬ ▬▬▬▬ ▬▬▬▬▬ ▬▬▬▬▬▬▬▬ ▬▬ ▬▬▬▬ ▬▬▬▬▬▬▬ ▬▬▬▬▬▬▬ ▬▬▬▬▬▬ ▬▬▬▬▬▬ ▬▬ ▬▬▬▬ ▬▬▬▬▬▬▬ ▬▬▬▬ ▬▬▬▬▬ ▬▬▬▬▬▬ ▬▬▬▬ ▬▬▬▬▬▬▬ ▬▬▬ ▬▬ ▬▬▬▬▬▬▬▬ ▬▬▬▬▬ ▬▬▬ ▬▬▬ ▬▬▬ ▬▬▬▬▬▬▬ ▬▬▬▬▬▬▬ ▬▬ ▬▬▬▬▬▬▬ ▬▬▬▬▬▬▬▬ ▬▬ ▬▬▬▬▬▬ ▬▬▬▬ ▬▬▬▬▬▬▬▬ ▬▬ ▬▬▬▬▬▬▬ ▬▬▬▬▬▬ ▬▬▬▬▬▬ ▬▬▬ ▬▬▬▬▬▬ ▬▬▬▬▬ ▬▬▬▬▬▬ ▬▬▬▬▬ ▬▬▬▬▬▬ ▬▬▬▬▬ ▬▬▬▬ ▬▬ ▬▬ ▬▬▬ ▬▬▬▬▬ ▬▬▬▬▬▬▬ ▬▬ ▬▬▬▬▬▬▬▬ ▬▬▬▬▬▬ ▬▬▬▬▬▬ ▬▬▬▬▬▬▬ ▬▬▬▬ ▬▬▬▬▬▬▬▬ ▬▬▬▬ ▬▬▬ ▬▬▬▬ ▬▬▬▬ ▬▬▬▬ ▬▬▬ ▬▬▬▬▬ ▬▬ ▬▬▬ ▬▬▬▬▬ ▬▬ ▬▬ ▬▬▬▬ ▬▬▬▬ ▬▬▬▬▬▬▬ ▬▬ ▬▬▬▬ ▬▬▬▬▬▬▬ ▬▬▬▬ ▬▬▬▬ ▬▬▬▬ ▬▬▬▬▬▬▬▬ ▬▬ ▬▬▬ ▬▬▬▬▬ ▬▬▬▬▬▬▬▬ ▬▬ ▬▬▬▬ ▬▬▬ ▬▬▬▬▬▬▬▬ ▬▬▬▬▬▬▬▬ ▬▬▬▬▬▬▬▬ ▬▬▬▬▬ ▬▬▬ ▬▬▬ ▬▬▬▬▬ ▬▬▬▬▬▬▬▬ ▬▬▬▬ ▬▬▬ ▬▬ ▬▬▬▬ ▬▬ ▬▬▬▬ ▬▬▬▬▬▬ ▬▬▬▬▬▬▬ ▬▬▬▬▬▬▬ ▬▬▬ ▬▬▬▬▬▬ ▬▬ ▬▬ ▬▬ ▬▬▬▬▬▬▬▬ ▬▬▬▬▬▬▬▬ ▬▬▬▬ ▬▬▬▬ ▬▬▬▬▬ ▬▬▬▬▬▬ ▬▬▬▬ ▬▬▬▬▬ ▬▬▬▬▬ ▬▬▬▬ ▬▬▬ ▬▬▬▬ ▬▬▬▬ ▬▬ ▬▬▬ ▬▬ ▬▬▬▬ ▬▬▬▬▬ ▬▬▬▬▬▬▬ ▬▬▬ ▬▬▬▬▬▬▬ ▬▬▬▬▬▬▬▬ ▬▬▬ ▬▬▬ ▬▬▬ ▬▬▬▬▬▬▬ ▬▬▬▬▬▬▬ ▬▬▬▬▬▬▬▬ ▬▬▬▬▬▬ ▬▬▬▬▬▬▬ ▬▬▬▬▬ ▬▬▬▬▬▬▬ ▬▬▬▬ ▬▬▬▬▬▬▬▬ ▬▬▬ ▬▬ ▬▬▬ ▬▬▬▬▬▬
▬▬▬▬ ▬▬▬▬ ▬▬▬▬▬▬▬ ▬▬▬
▬▬ ▬▬▬▬▬▬▬ ▬▬▬▬▬ ▬▬▬ ▬▬ ▬▬▬▬▬ ▬▬▬▬▬▬▬ ▬▬▬ ▬▬▬▬ ▬▬▬ ▬▬▬▬▬ ▬▬▬ ▬▬▬▬▬ ▬▬▬▬▬▬ ▬▬ ▬▬▬▬▬▬ ▬▬▬▬▬▬ ▬▬▬ ▬▬▬▬ ▬▬▬▬▬▬▬▬ ▬▬ ▬▬▬▬▬▬ ▬▬▬▬▬▬▬ ▬▬▬▬▬▬ ▬▬▬▬▬▬▬▬ ▬▬▬▬▬▬ ▬▬▬▬ ▬▬▬▬▬ ▬▬▬▬▬ ▬▬▬▬▬▬▬ ▬▬▬▬▬▬▬ ▬▬▬▬ ▬▬ ▬▬▬▬▬▬▬ ▬▬▬▬▬▬▬▬ ▬▬▬ ▬▬▬▬▬ ▬▬▬▬▬▬▬▬ ▬▬▬▬▬ ▬▬▬▬▬▬ ▬▬▬▬ ▬▬▬▬ ▬▬▬▬▬▬▬▬ ▬▬▬▬▬▬▬▬ ▬▬▬▬▬ ▬▬▬▬ ▬▬▬▬▬▬ ▬▬▬▬▬▬▬▬ ▬▬▬▬▬▬▬▬ ▬▬▬▬▬▬▬▬ ▬▬▬▬▬▬ ▬▬▬▬▬▬▬ ▬▬ ▬▬▬▬ ▬▬▬▬▬ ▬▬▬▬▬▬▬ ▬▬▬▬▬▬▬ ▬▬▬▬▬ ▬▬▬▬▬▬▬ ▬▬▬▬▬▬▬▬ ▬▬ ▬▬ ▬▬▬▬▬ ▬▬▬▬ ▬▬▬▬ ▬▬▬ ▬▬▬▬▬▬ ▬▬▬▬ ▬▬ ▬▬▬▬▬▬ ▬▬ ▬▬ ▬▬▬▬ ▬▬▬▬▬ ▬▬▬▬▬▬▬▬ ▬▬▬▬▬ ▬▬ ▬▬▬▬ ▬▬▬▬▬▬▬ ▬▬ ▬▬ ▬▬▬▬▬▬▬▬ ▬▬▬▬▬▬▬▬ ▬▬▬▬ ▬▬▬ ▬▬▬▬▬▬ ▬▬▬▬ ▬▬▬▬ ▬▬▬▬▬▬▬▬ ▬▬▬▬▬▬ ▬▬ ▬▬ ▬▬▬▬▬▬▬▬ ▬▬ ▬▬▬ ▬▬▬▬ ▬▬▬▬ ▬▬▬▬▬▬▬▬ ▬▬▬▬▬ ▬▬▬▬▬▬ ▬▬▬▬ ▬▬ ▬▬▬▬▬▬▬▬ ▬▬▬▬▬▬▬ ▬▬▬▬▬▬▬ ▬▬▬▬▬▬▬▬ ▬▬▬▬▬▬ ▬▬ ▬▬▬▬ ▬▬▬ ▬▬▬▬▬ ▬▬▬▬▬ ▬▬▬ ▬▬▬▬▬ ▬▬▬▬▬ ▬▬▬▬ ▬▬ ▬▬▬▬▬▬▬▬ ▬▬▬▬▬▬ ▬▬▬▬▬▬ ▬▬▬ ▬▬▬▬▬ ▬▬▬▬▬▬▬ ▬▬ ▬▬▬ ▬▬▬▬▬▬ ▬▬▬▬▬▬▬ ▬▬▬▬▬ ▬▬▬ ▬▬▬▬▬▬▬ ▬▬ ▬▬▬▬▬ ▬▬▬▬▬▬▬ ▬▬▬▬▬▬▬▬ ▬▬▬ ▬▬ ▬▬▬▬▬ ▬▬▬▬ ▬▬▬▬ ▬▬▬▬ ▬▬▬▬ ▬▬▬▬ ▬▬▬▬▬▬ ▬▬▬▬▬ ▬▬▬▬▬▬▬ ▬▬▬▬ ▬▬▬▬▬ ▬▬▬▬▬▬ ▬▬▬▬▬▬▬ ▬▬ ▬▬▬▬▬▬▬▬ ▬▬ ▬▬▬ ▬▬ ▬▬▬▬▬ ▬▬▬▬▬▬ ▬▬▬▬ ▬▬▬▬▬▬▬ ▬▬ ▬▬▬ ▬▬▬▬▬▬▬▬ ▬▬▬▬▬ ▬▬▬▬▬▬ ▬▬▬▬ ▬▬▬▬▬▬▬▬ ▬▬▬▬▬▬ ▬▬ ▬▬▬▬▬▬▬ ▬▬▬▬▬▬▬▬ ▬▬▬▬ ▬▬ ▬▬▬▬▬▬▬▬ ▬▬▬▬ ▬▬▬▬▬▬▬ ▬▬▬ ▬▬▬▬ ▬▬▬▬▬▬ ▬▬▬ ▬▬▬▬▬▬▬ ▬▬▬▬ ▬▬▬▬▬▬ ▬▬▬▬▬▬▬▬ ▬▬▬▬▬▬▬▬ ▬▬▬▬▬ ▬▬▬▬▬ ▬▬ ▬▬▬▬▬ ▬▬▬ ▬▬▬▬▬▬▬ ▬▬▬▬▬▬ ▬▬▬▬▬▬▬ ▬▬▬▬▬▬▬ ▬▬▬▬▬▬▬▬ ▬▬▬▬▬ ▬▬ ▬▬▬▬▬▬▬ ▬▬▬▬▬▬▬ ▬▬
▬▬▬▬▬▬▬▬ ▬▬▬▬▬▬ ▬▬▬▬▬▬▬ ▬▬▬▬▬▬▬
▬▬▬▬▬▬ ▬▬ ▬▬▬ ▬▬▬▬▬▬▬ ▬▬▬▬▬▬ ▬▬▬▬▬▬▬▬ ▬▬▬▬▬▬ ▬▬▬▬ ▬▬ ▬▬▬▬▬▬ ▬▬▬▬ ▬▬▬▬▬▬ ▬▬ ▬▬▬▬▬▬▬▬ ▬▬ ▬▬▬▬ ▬▬ ▬▬▬▬ ▬▬▬▬▬ ▬▬▬▬▬▬▬▬ ▬▬▬▬▬ ▬▬▬▬▬ ▬▬ ▬▬▬ ▬▬▬▬▬▬▬ ▬▬▬▬▬▬▬▬ ▬▬▬▬▬ ▬▬▬▬▬▬ ▬▬▬ ▬▬▬▬▬▬▬ ▬▬▬▬▬ ▬▬▬ ▬▬▬▬ ▬▬▬▬ ▬▬▬▬ ▬▬▬▬▬▬ ▬▬▬ ▬▬▬▬▬▬▬▬ ▬▬▬▬▬▬ ▬▬▬▬▬▬▬ ▬▬ ▬▬▬▬ ▬▬▬▬▬▬▬ ▬▬▬▬ ▬▬▬▬▬ ▬▬▬ ▬▬▬▬▬▬▬▬ ▬▬▬▬▬▬▬ ▬▬▬▬▬▬▬ ▬▬▬▬ ▬▬▬ ▬▬▬ ▬▬▬▬▬▬▬ ▬▬▬▬▬ ▬▬▬▬▬▬▬ ▬▬▬▬▬ ▬▬▬▬▬▬ ▬▬▬▬▬▬▬▬ ▬▬▬ ▬▬▬▬ ▬▬▬▬▬▬ ▬▬▬▬▬▬ ▬▬▬▬ ▬▬▬▬▬▬ ▬▬▬▬▬ ▬▬▬▬▬▬ ▬▬▬▬▬▬▬▬ ▬▬ ▬▬▬ ▬▬▬ ▬▬ ▬▬▬▬▬ ▬▬▬ ▬▬▬▬▬▬▬▬ ▬▬▬▬▬ ▬▬▬▬▬▬▬▬ ▬▬▬▬▬▬▬▬ ▬▬▬ ▬▬▬▬ ▬▬▬▬▬▬▬ ▬▬ ▬▬▬▬▬▬▬▬ ▬▬▬▬▬▬▬▬ ▬▬▬▬ ▬▬▬▬▬▬▬▬ ▬▬▬▬▬▬▬▬ ▬▬▬▬▬▬▬ ▬▬▬▬▬▬▬ ▬▬▬▬▬▬▬▬ ▬▬ ▬▬▬▬▬ ▬▬▬ ▬▬▬ ▬▬▬▬▬▬▬ ▬▬▬▬▬ ▬▬▬▬▬▬ ▬▬▬▬▬▬▬▬ ▬▬▬▬▬ ▬▬▬▬▬▬ ▬▬ ▬▬▬ ▬▬▬▬▬▬▬▬ ▬▬▬▬▬ ▬▬▬▬ ▬▬▬▬▬ ▬▬▬ ▬▬▬▬▬▬▬▬ ▬▬▬▬▬ ▬▬▬▬ ▬▬▬▬ ▬▬▬▬▬ ▬▬▬▬▬ ▬▬▬▬▬▬▬▬ ▬▬▬ ▬▬ ▬▬▬▬ ▬▬ ▬▬ ▬▬▬▬ ▬▬▬▬ ▬▬▬ ▬▬▬▬▬▬▬▬ ▬▬▬▬▬▬▬ ▬▬▬ ▬▬▬▬▬ ▬▬ ▬▬▬▬ ▬▬▬▬ ▬▬▬▬▬▬▬▬ ▬▬ ▬▬▬ ▬▬▬▬ ▬▬▬▬ ▬▬ ▬▬▬▬ ▬▬▬▬▬▬▬▬ ▬▬▬▬ ▬▬▬▬▬▬ ▬▬▬▬▬▬▬ ▬▬ ▬▬▬▬▬▬▬▬ ▬▬▬▬ ▬▬▬ ▬▬▬ ▬▬▬ ▬▬▬ ▬▬▬ ▬▬▬▬▬ ▬▬▬▬ ▬▬▬▬▬▬ ▬▬▬ ▬▬▬▬ ▬▬▬▬▬ ▬▬▬▬▬▬ ▬▬▬▬▬▬▬▬ ▬▬▬▬▬▬▬ ▬▬▬▬▬▬▬▬ ▬▬ ▬▬▬▬▬▬▬▬ ▬▬▬▬ ▬▬▬▬▬ ▬▬▬ ▬▬▬▬▬▬ ▬▬▬▬▬▬▬▬ ▬▬ ▬▬▬▬▬ ▬▬▬▬ ▬▬▬▬▬ ▬▬▬ ▬▬▬▬▬▬▬ ▬▬▬▬▬ ▬▬▬▬▬▬▬▬ ▬▬▬▬▬▬ ▬▬▬▬▬ ▬▬▬▬▬▬▬▬ ▬▬▬▬▬▬▬▬
▬▬▬▬ ▬▬▬▬▬ ▬▬▬▬▬▬▬▬ ▬▬▬▬▬▬▬
▬▬▬▬ ▬▬▬▬▬▬▬▬ ▬▬▬▬ ▬▬▬▬▬▬▬ ▬▬▬▬ ▬▬▬ ▬▬ ▬▬▬▬▬▬ ▬▬ ▬▬▬▬▬▬▬▬ ▬▬▬▬▬ ▬▬▬▬▬▬ ▬▬ ▬▬▬▬▬▬▬▬ ▬▬▬▬▬▬▬▬ ▬▬▬▬▬▬▬ ▬▬ ▬▬▬▬▬▬ ▬▬▬ ▬▬▬▬▬ ▬▬▬▬▬ ▬▬▬▬▬▬ ▬▬▬▬▬▬▬▬ ▬▬▬▬▬▬▬ ▬▬▬▬▬▬▬ ▬▬▬▬▬▬▬ ▬▬▬▬▬▬ ▬▬▬▬▬▬ ▬▬▬▬ ▬▬▬▬▬▬ ▬▬▬▬▬▬▬▬ ▬▬ ▬▬▬ ▬▬▬▬ ▬▬▬ ▬▬▬▬ ▬▬▬▬▬▬▬▬ ▬▬▬ ▬▬▬▬▬ ▬▬▬▬ ▬▬ ▬▬▬▬▬▬▬▬ ▬▬▬▬▬▬ ▬▬▬▬▬▬▬ ▬▬▬▬ ▬▬▬ ▬▬▬▬▬▬▬ ▬▬▬▬▬ ▬▬▬▬▬▬ ▬▬▬▬ ▬▬▬▬ ▬▬ ▬▬▬▬▬▬▬▬ ▬▬▬▬▬▬ ▬▬▬▬▬ ▬▬▬▬▬ ▬▬▬▬ ▬▬▬▬▬▬▬▬ ▬▬ ▬▬▬ ▬▬ ▬▬▬▬ ▬▬▬▬▬▬▬▬ ▬▬▬▬▬▬▬▬ ▬▬ ▬▬▬▬▬ ▬▬▬▬▬▬▬▬ ▬▬▬ ▬▬▬▬▬▬ ▬▬▬▬ ▬▬▬▬▬ ▬▬ ▬▬▬▬▬▬▬▬ ▬▬▬▬▬▬▬▬ ▬▬ ▬▬▬▬ ▬▬▬▬▬▬▬▬ ▬▬ ▬▬▬▬ ▬▬▬▬▬▬▬ ▬▬ ▬▬▬ ▬▬▬ ▬▬ ▬▬ ▬▬▬▬▬▬▬▬ ▬▬▬▬▬ ▬▬▬▬▬ ▬▬▬▬▬▬▬▬ ▬▬▬▬ ▬▬▬▬▬▬▬▬ ▬▬▬▬▬▬▬▬ ▬▬▬▬▬▬ ▬▬▬▬ ▬▬▬▬▬▬ ▬▬ ▬▬▬▬▬ ▬▬▬▬ ▬▬▬▬ ▬▬ ▬▬▬ ▬▬▬▬▬ ▬▬▬▬ ▬▬▬▬▬▬▬ ▬▬▬ ▬▬▬▬▬▬▬ ▬▬▬ ▬▬▬▬▬ ▬▬ ▬▬▬▬▬▬▬ ▬▬ ▬▬▬▬▬ ▬▬▬ ▬▬▬▬▬▬ ▬▬▬▬▬ ▬▬▬▬▬ ▬▬▬ ▬▬ ▬▬ ▬▬▬▬▬▬▬ ▬▬▬ ▬▬▬ ▬▬▬▬▬▬▬ ▬▬▬▬▬▬ ▬▬▬▬ ▬▬▬ ▬▬ ▬▬▬▬▬ ▬▬ ▬▬▬ ▬▬▬▬▬▬ ▬▬ ▬▬▬▬ ▬▬▬▬▬ ▬▬▬▬▬▬▬▬ ▬▬▬▬▬▬▬▬ ▬▬▬▬▬▬▬ ▬▬▬▬▬▬▬▬ ▬▬▬▬▬▬▬▬ ▬▬▬▬▬ ▬▬▬ ▬▬▬▬ ▬▬▬▬ ▬▬ ▬▬▬▬▬▬ ▬▬ ▬▬▬ ▬▬▬▬▬▬▬ ▬▬▬▬▬▬▬▬ ▬▬▬▬ ▬▬ ▬▬▬▬ ▬▬▬▬▬▬▬ ▬▬▬▬▬▬
▬▬ ▬▬▬▬ ▬▬▬▬▬▬▬ ▬▬▬▬▬▬▬
▬▬ ▬▬▬▬▬▬▬ ▬▬▬▬▬ ▬▬▬▬▬▬▬ ▬▬ ▬▬▬▬▬ ▬▬▬▬▬ ▬▬▬ ▬▬▬▬▬▬▬ ▬▬▬ ▬▬▬▬▬▬▬▬ ▬▬▬▬▬▬ ▬▬▬▬ ▬▬▬▬▬▬ ▬▬▬▬▬ ▬▬▬▬▬▬▬▬ ▬▬▬▬ ▬▬▬▬▬▬ ▬▬▬▬▬▬▬▬ ▬▬ ▬▬▬▬▬ ▬▬ ▬▬▬▬▬▬▬ ▬▬ ▬▬ ▬▬▬▬▬▬ ▬▬ ▬▬▬▬▬▬▬▬ ▬▬▬ ▬▬▬▬▬ ▬▬▬▬ ▬▬▬▬▬▬▬▬ ▬▬▬▬ ▬▬▬▬ ▬▬▬▬▬▬▬ ▬▬▬▬▬▬▬ ▬▬▬▬▬▬ ▬▬▬▬▬ ▬▬▬▬ ▬▬▬▬▬▬▬▬ ▬▬ ▬▬▬▬▬ ▬▬▬ ▬▬▬▬▬▬▬▬ ▬▬▬ ▬▬▬▬▬ ▬▬▬▬ ▬▬▬▬▬ ▬▬▬ ▬▬ ▬▬▬▬▬▬▬ ▬▬▬▬▬▬ ▬▬ ▬▬ ▬▬▬ ▬▬▬▬▬▬▬ ▬▬ ▬▬▬▬▬▬▬▬ ▬▬▬ ▬▬ ▬▬▬▬▬ ▬▬ ▬▬▬ ▬▬▬▬▬▬▬▬ ▬▬▬▬▬▬ ▬▬ ▬▬▬▬▬▬▬▬ ▬▬▬▬ ▬▬ ▬▬▬▬▬ ▬▬▬▬▬▬▬▬ ▬▬▬▬▬▬▬▬ ▬▬▬▬ ▬▬▬▬▬▬ ▬▬▬▬▬▬ ▬▬▬▬▬ ▬▬▬ ▬▬▬ ▬▬▬▬ ▬▬ ▬▬ ▬▬▬ ▬▬▬▬▬ ▬▬▬▬▬ ▬▬▬▬▬ ▬▬▬ ▬▬▬▬▬▬▬▬ ▬▬▬▬▬ ▬▬▬▬▬▬▬▬ ▬▬▬▬▬▬ ▬▬▬▬▬▬ ▬▬▬▬▬▬ ▬▬ ▬▬▬▬▬▬▬▬ ▬▬▬▬▬▬▬ ▬▬▬ ▬▬▬▬ ▬▬▬▬▬▬▬▬ ▬▬▬▬▬▬▬ ▬▬▬▬ ▬▬▬ ▬▬▬▬▬▬▬ ▬▬▬▬▬▬▬▬ ▬▬▬▬▬▬▬▬ ▬▬▬▬▬▬▬▬ ▬▬ ▬▬▬▬▬ ▬▬▬ ▬▬▬▬▬▬▬ ▬▬▬ ▬▬▬▬ ▬▬▬ ▬▬▬▬▬ ▬▬ ▬▬▬▬▬▬▬▬ ▬▬▬▬▬▬ ▬▬▬▬ ▬▬▬▬ ▬▬▬▬▬▬▬ ▬▬▬▬▬▬▬▬ ▬▬▬ ▬▬▬▬▬ ▬▬▬▬▬▬▬ ▬▬▬▬▬▬▬ ▬▬▬ ▬▬▬▬▬▬ ▬▬▬▬▬ ▬▬▬▬▬▬ ▬▬▬ ▬▬▬▬ ▬▬ ▬▬▬▬▬▬▬ ▬▬▬▬ ▬▬▬▬▬▬▬▬ ▬▬▬▬▬▬▬ ▬▬▬▬▬▬▬▬ ▬▬▬ ▬▬▬▬▬▬▬▬ ▬▬▬▬ ▬▬▬▬▬▬▬▬ ▬▬▬▬▬ ▬▬ ▬▬▬▬▬ ▬▬▬▬▬▬▬▬ ▬▬ ▬▬▬▬▬▬▬▬ ▬▬▬ ▬▬▬▬ ▬▬▬▬▬ ▬▬▬▬ ▬▬▬▬▬▬ ▬▬▬▬ ▬▬▬▬▬▬▬ ▬▬▬▬▬▬ ▬▬▬▬▬ ▬▬▬▬▬▬▬ ▬▬▬▬ ▬▬▬ ▬▬▬▬▬▬▬ ▬▬▬ ▬▬▬▬▬▬ ▬▬ ▬▬▬▬▬▬▬ ▬▬▬▬ ▬▬ ▬▬▬ ▬▬▬▬▬ ▬▬▬▬▬ ▬▬▬▬▬▬▬ ▬▬▬▬ ▬▬▬▬▬▬▬▬ ▬▬▬▬▬▬▬▬ ▬▬▬▬▬▬ ▬▬▬▬▬ ▬▬▬▬▬▬▬▬ ▬▬ ▬▬▬ ▬▬▬▬▬ ▬▬▬▬▬▬ ▬▬▬▬▬▬▬ ▬▬ ▬▬▬▬ ▬▬▬▬▬ ▬▬▬▬▬▬▬▬ ▬▬▬▬ ▬▬▬▬▬▬▬ ▬▬▬▬▬▬▬ ▬▬▬ ▬▬▬▬▬▬ ▬▬▬▬ ▬▬▬▬▬▬ ▬▬▬▬▬▬▬ ▬▬▬▬▬▬ ▬▬ ▬▬▬ ▬▬▬▬ ▬▬▬▬▬ ▬▬▬▬▬▬
▬▬▬▬▬▬▬ ▬▬▬▬▬▬▬▬ ▬▬▬▬▬▬▬▬ ▬▬▬▬▬▬▬
▬▬▬▬▬▬▬ ▬▬▬▬ ▬▬▬▬▬▬ ▬▬▬▬▬▬▬ ▬▬▬▬▬▬▬ ▬▬▬▬▬ ▬▬▬▬▬▬▬▬ ▬▬▬▬▬▬▬ ▬▬▬▬▬▬▬ ▬▬▬ ▬▬ ▬▬▬▬▬▬ ▬▬▬▬ ▬▬▬▬ ▬▬▬▬ ▬▬▬▬ ▬▬▬▬▬▬ ▬▬▬▬▬▬ ▬▬▬▬▬▬ ▬▬▬▬▬▬ ▬▬▬▬▬ ▬▬▬ ▬▬▬▬ ▬▬▬▬ ▬▬ ▬▬▬▬▬▬▬ ▬▬▬▬▬ ▬▬▬▬▬▬▬▬ ▬▬ ▬▬▬▬▬▬ ▬▬▬▬▬▬▬ ▬▬▬▬▬▬▬ ▬▬▬ ▬▬▬▬ ▬▬▬▬ ▬▬▬▬▬ ▬▬▬▬ ▬▬▬▬▬▬▬ ▬▬▬ ▬▬▬▬▬ ▬▬▬▬▬▬▬ ▬▬ ▬▬ ▬▬▬▬ ▬▬▬▬ ▬▬▬▬▬ ▬▬▬ ▬▬▬ ▬▬ ▬▬ ▬▬▬▬▬▬▬▬ ▬▬▬ ▬▬▬▬▬▬▬▬ ▬▬▬ ▬▬▬▬▬▬ ▬▬▬▬▬▬▬ ▬▬▬▬▬▬▬ ▬▬▬▬▬▬ ▬▬ ▬▬▬▬▬▬ ▬▬▬▬▬▬▬▬ ▬▬ ▬▬▬▬▬▬▬ ▬▬▬▬▬▬▬▬ ▬▬▬▬▬▬▬▬ ▬▬▬▬▬▬ ▬▬▬ ▬▬▬ ▬▬▬▬▬ ▬▬▬▬▬▬▬▬ ▬▬▬▬▬▬ ▬▬▬▬▬ ▬▬ ▬▬▬▬▬▬ ▬▬▬ ▬▬▬▬▬▬ ▬▬▬ ▬▬ ▬▬▬▬ ▬▬▬▬ ▬▬ ▬▬▬ ▬▬▬▬▬▬▬ ▬▬▬▬▬▬▬▬ ▬▬▬▬▬▬▬▬ ▬▬▬ ▬▬▬▬▬▬ ▬▬▬ ▬▬▬▬▬▬▬▬ ▬▬▬▬▬▬▬▬ ▬▬▬▬ ▬▬ ▬▬▬▬▬ ▬▬▬▬▬ ▬▬▬ ▬▬▬▬ ▬▬▬▬▬▬▬▬ ▬▬▬▬▬ ▬▬▬ ▬▬▬▬ ▬▬▬ ▬▬ ▬▬▬▬▬▬▬ ▬▬ ▬▬▬▬▬▬▬▬ ▬▬▬▬▬▬ ▬▬ ▬▬▬▬▬▬▬▬ ▬▬▬ ▬▬▬▬▬▬ ▬▬▬▬▬▬ ▬▬▬ ▬▬▬▬▬▬▬ ▬▬▬▬▬ ▬▬ ▬▬▬▬▬ ▬▬▬▬▬ ▬▬▬▬ ▬▬▬▬▬ ▬▬▬▬ ▬▬▬ ▬▬▬▬▬▬▬ ▬▬▬▬▬▬▬ ▬▬▬▬▬▬▬▬ ▬▬▬▬▬▬▬ ▬▬ ▬▬▬ ▬▬▬▬▬▬▬ ▬▬▬▬▬▬ ▬▬▬▬▬ ▬▬▬▬▬ ▬▬▬
▬▬▬▬▬ ▬▬▬▬▬▬▬ ▬▬ ▬▬▬▬▬▬▬
▬▬▬▬▬ ▬▬▬ ▬▬▬▬▬▬▬ ▬▬▬▬▬▬▬ ▬▬▬▬▬ ▬▬▬▬▬▬▬ ▬▬▬▬▬▬ ▬▬▬▬ ▬▬▬▬▬ ▬▬▬▬▬ ▬▬▬ ▬▬▬▬▬▬ ▬▬▬▬▬▬ ▬▬ ▬▬▬ ▬▬▬▬▬ ▬▬▬▬▬▬▬▬ ▬▬▬▬▬▬▬▬ ▬▬▬▬ ▬▬▬ ▬▬▬▬▬ ▬▬▬▬▬▬ ▬▬▬ ▬▬▬▬▬▬▬▬ ▬▬▬▬ ▬▬▬▬▬▬ ▬▬▬▬▬▬▬▬ ▬▬▬ ▬▬▬ ▬▬▬▬▬ ▬▬▬ ▬▬▬▬▬▬ ▬▬▬▬ ▬▬▬▬ ▬▬▬ ▬▬▬ ▬▬▬▬▬▬▬ ▬▬ ▬▬ ▬▬ ▬▬▬▬▬▬▬ ▬▬▬▬▬▬▬▬ ▬▬▬▬▬▬▬▬ ▬▬▬▬▬▬▬ ▬▬▬ ▬▬▬▬▬▬▬ ▬▬▬▬▬▬▬ ▬▬▬▬▬▬▬▬ ▬▬▬▬▬▬▬▬ ▬▬ ▬▬ ▬▬▬▬▬▬▬ ▬▬ ▬▬▬▬ ▬▬▬▬ ▬▬▬▬▬▬▬ ▬▬▬▬▬ ▬▬▬▬▬▬ ▬▬▬ ▬▬▬▬▬ ▬▬▬▬ ▬▬▬▬▬▬▬ ▬▬▬▬ ▬▬▬ ▬▬▬▬▬ ▬▬▬ ▬▬▬ ▬▬▬▬ ▬▬▬▬▬▬ ▬▬ ▬▬ ▬▬▬▬ ▬▬▬▬▬▬▬ ▬▬▬▬ ▬▬▬▬▬▬▬ ▬▬▬▬▬▬▬ ▬▬▬ ▬▬▬ ▬▬▬▬▬▬ ▬▬▬▬▬▬ ▬▬ ▬▬▬▬▬ ▬▬ ▬▬▬▬▬▬ ▬▬▬▬ ▬▬▬▬▬ ▬▬▬▬ ▬▬▬ ▬▬▬▬▬▬ ▬▬▬ ▬▬▬▬▬▬▬ ▬▬▬▬▬▬▬ ▬▬▬▬▬▬▬▬ ▬▬ ▬▬▬▬ ▬▬▬▬▬ ▬▬▬▬▬▬▬ ▬▬ ▬▬▬▬▬▬▬▬ ▬▬▬▬ ▬▬▬ ▬▬▬▬▬▬ ▬▬▬▬ ▬▬▬ ▬▬▬▬▬▬ ▬▬▬ ▬▬▬▬ ▬▬▬▬▬▬▬▬ ▬▬▬▬▬▬▬▬ ▬▬ ▬▬▬▬▬▬▬▬ ▬▬▬▬▬▬▬▬ ▬▬ ▬▬▬▬▬▬▬▬ ▬▬▬▬▬ ▬▬▬▬▬▬ ▬▬▬▬ ▬▬▬▬ ▬▬▬ ▬▬▬▬▬ ▬▬▬ ▬▬ ▬▬▬▬▬▬▬ ▬▬ ▬▬▬▬▬▬ ▬▬▬ ▬▬▬▬▬▬ ▬▬▬▬▬▬▬▬ ▬▬▬▬▬▬▬ ▬▬▬▬▬▬ ▬▬▬▬▬▬ ▬▬▬▬▬▬▬▬ ▬▬▬▬ ▬▬ ▬▬▬▬▬▬▬▬ ▬▬▬ ▬▬▬▬ ▬▬▬ ▬▬▬▬▬▬▬▬ ▬▬▬▬▬▬▬ ▬▬▬▬▬▬▬ ▬▬▬▬▬▬▬ ▬▬▬▬▬▬▬ ▬▬▬▬▬▬ ▬▬▬ ▬▬▬▬▬▬▬▬ ▬▬▬▬▬ ▬▬▬▬▬ ▬▬▬▬ ▬▬▬▬▬▬▬ ▬▬▬▬▬▬▬ ▬▬ ▬▬ ▬▬▬▬▬▬ ▬▬ ▬▬▬▬▬▬▬ ▬▬▬▬▬ ▬▬ ▬▬▬▬▬▬ ▬▬▬▬ ▬▬ ▬▬▬▬▬▬ ▬▬▬▬▬▬ ▬▬▬▬▬ ▬▬▬▬▬▬▬ ▬▬▬▬▬▬▬▬ ▬▬▬▬▬▬ ▬▬▬▬▬▬▬ ▬▬▬▬ ▬▬▬▬▬▬▬▬ ▬▬ ▬▬▬ ▬▬▬▬▬▬ ▬▬▬ ▬▬▬▬▬▬▬▬ ▬▬▬ ▬▬▬▬ ▬▬▬▬▬ ▬▬▬▬▬▬▬▬ ▬▬▬▬▬▬▬ ▬▬▬ ▬▬▬▬▬▬▬▬ ▬▬▬ ▬▬▬ ▬▬▬▬▬▬▬ ▬▬▬▬ ▬▬▬▬▬ ▬▬▬▬▬▬▬▬ ▬▬▬ ▬▬▬▬ ▬▬ ▬▬▬ ▬▬▬ ▬▬▬▬▬ ▬▬▬▬▬▬▬▬ ▬▬▬▬▬▬▬ ▬▬▬▬▬▬ ▬▬▬▬▬ ▬▬▬▬ ▬▬▬▬▬ ▬▬▬ ▬▬▬▬ ▬▬▬▬▬▬▬ ▬▬▬▬▬▬▬ ▬▬▬▬▬▬▬ ▬▬▬▬▬ ▬▬▬▬▬▬▬▬ ▬▬▬▬ ▬▬▬▬ ▬▬▬▬ ▬▬ ▬▬▬▬ ▬▬▬▬ ▬▬▬▬▬▬▬▬ ▬▬▬ ▬▬▬▬ ▬▬▬▬ ▬▬▬▬▬▬ ▬▬▬▬ ▬▬▬▬
▬▬▬ ▬▬▬▬▬▬ ▬▬▬ ▬▬▬▬▬▬▬
▬▬▬ ▬▬ ▬▬▬▬▬▬ ▬▬▬▬▬▬▬ ▬▬▬ ▬▬ ▬▬ ▬▬▬▬▬▬▬▬ ▬▬▬ ▬▬▬▬▬▬▬ ▬▬▬▬ ▬▬▬▬▬▬ ▬▬▬▬▬▬ ▬▬▬▬▬▬▬ ▬▬ ▬▬▬▬▬▬▬▬ ▬▬▬ ▬▬▬▬▬▬▬▬ ▬▬ ▬▬▬▬▬▬▬ ▬▬▬▬▬ ▬▬▬▬▬▬▬ ▬▬ ▬▬▬ ▬▬▬▬ ▬▬▬▬▬ ▬▬▬▬ ▬▬▬▬▬ ▬▬ ▬▬▬▬ ▬▬▬▬▬▬ ▬▬▬▬▬ ▬▬▬ ▬▬ ▬▬▬▬▬▬▬ ▬▬▬▬▬▬▬▬ ▬▬▬▬▬ ▬▬▬▬▬▬ ▬▬▬▬▬▬▬▬ ▬▬▬▬▬▬▬▬ ▬▬▬▬▬▬▬ ▬▬▬▬▬ ▬▬▬▬▬ ▬▬▬ ▬▬ ▬▬ ▬▬▬▬▬▬ ▬▬▬▬▬▬ ▬▬▬▬▬ ▬▬ ▬▬▬ ▬▬▬▬ ▬▬▬ ▬▬▬▬▬ ▬▬ ▬▬ ▬▬▬ ▬▬▬▬▬▬ ▬▬ ▬▬▬▬ ▬▬▬▬▬▬▬ ▬▬▬▬▬ ▬▬▬▬▬▬ ▬▬▬ ▬▬ ▬▬ ▬▬▬ ▬▬▬▬▬ ▬▬ ▬▬▬ ▬▬▬▬▬ ▬▬▬▬▬▬▬▬ ▬▬▬ ▬▬▬▬ ▬▬▬▬ ▬▬▬ ▬▬▬▬▬ ▬▬ ▬▬▬▬▬▬ ▬▬▬▬▬▬ ▬▬ ▬▬▬▬▬ ▬▬ ▬▬ ▬▬▬▬▬▬▬ ▬▬▬▬▬ ▬▬▬▬▬▬▬ ▬▬▬ ▬▬▬▬▬▬ ▬▬▬▬▬ ▬▬▬▬▬ ▬▬▬▬▬ ▬▬▬▬ ▬▬▬▬▬▬ ▬▬▬▬▬ ▬▬▬▬▬▬▬▬ ▬▬▬▬ ▬▬▬▬▬▬▬▬ ▬▬▬▬ ▬▬▬▬▬▬ ▬▬▬ ▬▬▬▬▬▬▬▬ ▬▬▬ ▬▬▬▬▬▬ ▬▬▬▬ ▬▬▬▬▬▬▬ ▬▬▬▬▬▬ ▬▬▬▬▬▬ ▬▬▬▬ ▬▬▬ ▬▬▬ ▬▬▬▬▬▬▬▬ ▬▬▬▬ ▬▬▬▬ ▬▬▬▬▬▬▬▬ ▬▬▬▬▬▬▬ ▬▬▬▬▬ ▬▬▬▬ ▬▬▬ ▬▬▬▬▬▬ ▬▬▬ ▬▬▬▬ ▬▬▬▬▬▬▬ ▬▬▬ ▬▬▬▬▬ ▬▬▬▬▬▬ ▬▬▬▬ ▬▬ ▬▬▬▬▬▬▬▬ ▬▬ ▬▬ ▬▬▬▬▬▬ ▬▬▬▬ ▬▬▬▬▬ ▬▬▬▬▬ ▬▬▬ ▬▬▬▬▬▬▬ ▬▬▬ ▬▬▬▬ ▬▬▬ ▬▬ ▬▬▬▬▬ ▬▬▬ ▬▬▬▬▬ ▬▬▬▬▬▬▬▬ ▬▬▬▬▬▬▬ ▬▬▬▬▬ ▬▬▬▬▬▬▬ ▬▬▬▬▬▬ ▬▬▬▬▬▬▬ ▬▬▬▬▬▬ ▬▬ ▬▬▬▬ ▬▬▬▬▬▬ ▬▬▬ ▬▬▬▬▬▬ ▬▬ ▬▬▬▬▬▬ ▬▬▬ ▬▬▬▬▬▬ ▬▬▬▬▬ ▬▬▬ ▬▬▬▬ ▬▬ ▬▬▬▬▬▬ ▬▬▬▬▬▬ ▬▬ ▬▬▬▬▬▬▬ ▬▬▬▬▬▬▬ ▬▬▬▬▬ ▬▬▬▬▬▬▬ ▬▬▬ ▬▬▬▬▬▬▬ ▬▬▬▬▬▬▬▬ ▬▬▬▬▬▬▬▬ ▬▬▬▬▬▬▬▬
▬▬▬▬▬▬▬▬ ▬▬▬▬▬ ▬▬▬▬ ▬▬▬▬▬▬▬
▬▬▬▬▬▬▬▬ ▬▬▬▬▬▬▬▬ ▬▬▬▬▬▬▬ ▬▬▬▬▬▬▬ ▬▬▬▬▬▬▬▬ ▬▬ ▬▬▬▬▬ ▬▬▬ ▬▬▬ ▬▬▬▬▬▬▬ ▬▬▬▬▬ ▬▬▬▬▬▬ ▬▬▬▬▬▬▬▬ ▬▬▬▬▬ ▬▬▬▬▬▬▬▬ ▬▬ ▬▬▬ ▬▬▬▬▬▬▬▬ ▬▬▬▬▬ ▬▬▬▬ ▬▬▬▬▬ ▬▬▬ ▬▬▬▬▬▬▬▬ ▬▬▬▬▬▬▬ ▬▬▬▬▬▬ ▬▬▬▬ ▬▬▬▬▬▬▬ ▬▬▬▬▬ ▬▬▬▬▬▬▬▬ ▬▬▬ ▬▬ ▬▬▬▬ ▬▬▬▬ ▬▬ ▬▬▬▬ ▬▬▬▬ ▬▬▬ ▬▬▬▬▬▬▬▬ ▬▬▬▬▬▬▬ ▬▬▬▬▬ ▬▬▬▬▬ ▬▬ ▬▬▬▬ ▬▬▬▬ ▬▬▬▬▬▬▬▬ ▬▬ ▬▬▬ ▬▬▬▬▬▬ ▬▬▬▬ ▬▬ ▬▬▬▬ ▬▬▬▬▬▬▬▬ ▬▬▬▬ ▬▬▬▬▬▬ ▬▬▬▬▬▬▬ ▬▬ ▬▬▬▬▬▬▬▬ ▬▬▬▬ ▬▬▬ ▬▬▬ ▬▬▬ ▬▬▬ ▬▬▬ ▬▬▬▬▬ ▬▬▬▬ ▬▬▬▬▬▬ ▬▬▬ ▬▬▬▬ ▬▬▬▬▬ ▬▬▬▬▬▬ ▬▬▬▬▬▬▬▬ ▬▬▬▬▬▬▬ ▬▬▬▬▬▬▬▬ ▬▬ ▬▬▬▬▬▬▬▬ ▬▬▬▬ ▬▬▬▬▬ ▬▬▬ ▬▬▬▬▬▬ ▬▬▬▬▬▬▬▬ ▬▬ ▬▬▬▬▬▬▬ ▬▬▬▬ ▬▬▬▬▬ ▬▬▬ ▬▬▬▬▬▬▬ ▬▬▬▬▬ ▬▬▬▬▬▬▬▬ ▬▬▬▬▬▬ ▬▬▬▬▬▬▬ ▬▬▬▬▬▬▬▬ ▬▬▬▬▬▬▬▬ ▬▬▬▬▬▬▬ ▬▬▬ ▬▬▬▬▬▬ ▬▬ ▬▬▬▬▬▬▬▬ ▬▬▬▬▬ ▬▬▬▬▬▬▬ ▬▬▬▬▬▬ ▬▬▬ ▬▬▬▬▬ ▬▬▬▬▬▬▬ ▬▬▬▬▬▬▬ ▬▬▬▬ ▬▬▬▬ ▬▬▬▬▬▬▬▬ ▬▬▬▬ ▬▬ ▬▬▬▬▬▬ ▬▬▬▬▬ ▬▬▬▬▬▬ ▬▬▬▬▬▬ ▬▬▬▬▬▬▬ ▬▬▬▬ ▬▬▬▬▬▬ ▬▬▬▬▬▬ ▬▬▬▬▬▬ ▬▬▬▬▬▬▬▬ ▬▬ ▬▬▬ ▬▬▬▬▬▬ ▬▬▬▬▬▬▬ ▬▬▬▬ ▬▬▬▬ ▬▬ ▬▬▬▬▬▬▬ ▬▬▬ ▬▬ ▬▬▬ ▬▬▬▬▬ ▬▬▬▬ ▬▬▬▬ ▬▬▬▬▬▬▬▬ ▬▬ ▬▬▬ ▬▬▬ ▬▬▬▬▬ ▬▬▬▬▬▬▬ ▬▬▬▬▬▬ ▬▬▬▬ ▬▬▬▬▬ ▬▬▬▬ ▬▬▬▬ ▬▬▬▬ ▬▬▬▬▬▬ ▬▬▬▬▬ ▬▬▬▬ ▬▬▬ ▬▬▬▬▬ ▬▬▬ ▬▬▬▬▬▬▬ ▬▬▬▬ ▬▬▬▬▬▬
▬▬▬▬▬▬ ▬▬▬▬ ▬▬▬▬▬ ▬▬▬▬▬▬▬
▬▬▬▬▬▬ ▬▬▬▬▬▬▬ ▬▬▬▬▬▬▬▬ ▬▬▬▬▬▬▬ ▬▬▬▬▬▬ ▬▬▬▬ ▬▬▬▬▬▬▬▬ ▬▬▬▬▬▬▬ ▬▬▬▬▬▬▬▬ ▬▬ ▬▬▬▬▬▬ ▬▬▬▬▬▬▬▬ ▬▬▬▬▬▬▬▬ ▬▬▬▬▬ ▬▬▬▬▬ ▬▬▬▬▬ ▬▬▬▬▬ ▬▬▬ ▬▬▬ ▬▬▬▬▬▬▬▬ ▬▬▬▬▬ ▬▬▬▬ ▬▬▬▬▬▬▬ ▬▬ ▬▬▬▬▬▬ ▬▬▬▬▬ ▬▬▬▬▬▬▬▬ ▬▬▬▬▬▬▬ ▬▬ ▬▬ ▬▬▬▬▬ ▬▬▬ ▬▬▬ ▬▬ ▬▬▬▬▬▬▬▬ ▬▬ ▬▬▬▬▬▬▬▬ ▬▬▬ ▬▬▬▬▬▬ ▬▬ ▬▬▬▬▬ ▬▬▬▬▬▬ ▬▬▬ ▬▬▬▬▬▬▬ ▬▬▬▬▬▬▬ ▬▬▬▬ ▬▬ ▬▬▬▬ ▬▬▬ ▬▬ ▬▬▬▬▬▬▬ ▬▬▬▬▬ ▬▬▬▬▬ ▬▬▬▬▬▬▬ ▬▬▬ ▬▬ ▬▬▬▬▬▬ ▬▬▬▬ ▬▬ ▬▬ ▬▬▬▬▬▬ ▬▬▬ ▬▬▬▬▬ ▬▬▬▬▬ ▬▬▬▬▬▬▬▬ ▬▬▬ ▬▬▬▬▬ ▬▬▬▬▬ ▬▬▬▬▬▬▬▬ ▬▬▬▬▬▬▬ ▬▬▬▬▬▬ ▬▬▬▬ ▬▬▬▬▬▬ ▬▬ ▬▬▬▬▬ ▬▬▬▬▬ ▬▬▬▬▬ ▬▬ ▬▬▬▬▬▬ ▬▬▬ ▬▬ ▬▬▬▬▬▬▬ ▬▬▬▬▬▬ ▬▬▬ ▬▬▬▬▬▬ ▬▬▬▬▬▬▬ ▬▬▬ ▬▬▬▬▬▬▬▬ ▬▬▬▬▬▬ ▬▬▬▬▬▬▬ ▬▬▬▬▬▬ ▬▬▬▬▬▬ ▬▬▬ ▬▬▬▬▬▬▬ ▬▬▬▬▬▬▬ ▬▬▬ ▬▬▬▬▬▬▬ ▬▬ ▬▬▬▬▬ ▬▬▬▬▬▬ ▬▬▬ ▬▬▬▬▬▬▬ ▬▬▬▬▬▬ ▬▬▬▬▬▬▬▬ ▬▬ ▬▬▬▬▬▬▬▬ ▬▬▬▬▬ ▬▬ ▬▬▬▬▬ ▬▬ ▬▬▬▬▬▬▬ ▬▬▬▬▬▬ ▬▬▬▬▬▬▬▬ ▬▬▬ ▬▬▬▬▬▬▬ ▬▬▬▬▬▬▬ ▬▬▬▬▬ ▬▬▬▬▬▬ ▬▬▬▬▬▬ ▬▬▬ ▬▬▬ ▬▬▬▬▬▬▬▬ ▬▬▬▬▬▬▬ ▬▬▬▬▬▬▬ ▬▬▬▬▬▬▬▬ ▬▬▬ ▬▬▬▬▬ ▬▬▬▬ ▬▬▬ ▬▬▬▬ ▬▬▬▬▬▬▬▬ ▬▬▬▬▬▬▬ ▬▬▬▬ ▬▬▬▬ ▬▬▬▬▬▬ ▬▬▬ ▬▬▬▬▬▬▬▬ ▬▬▬▬▬ ▬▬▬▬▬▬▬▬ ▬▬▬▬▬▬▬ ▬▬▬▬▬▬ ▬▬▬ ▬▬▬▬▬ ▬▬▬ ▬▬ ▬▬▬▬▬ ▬▬▬▬▬ ▬▬▬▬▬▬▬▬ ▬▬▬▬▬▬▬ ▬▬▬▬▬ ▬▬▬▬▬▬▬ ▬▬▬▬▬▬▬ ▬▬▬▬▬▬ ▬▬▬▬▬▬▬▬ ▬▬▬▬▬▬▬ ▬▬▬▬▬▬ ▬▬▬▬▬ ▬▬▬▬▬ ▬▬ ▬▬▬▬▬▬▬ ▬▬▬▬▬▬▬▬ ▬▬ ▬▬▬▬▬ ▬▬▬▬▬ ▬▬▬▬▬▬ ▬▬▬▬ ▬▬▬ ▬▬▬▬▬▬▬ ▬▬▬▬ ▬▬ ▬▬▬ ▬▬▬ ▬▬▬▬▬▬▬ ▬▬▬▬▬▬ ▬▬▬▬▬▬▬▬ ▬▬ ▬▬▬▬ ▬▬▬▬▬▬▬▬ ▬▬▬▬▬▬▬▬ ▬▬▬▬▬ ▬▬▬▬▬ ▬▬▬▬ ▬▬▬▬▬▬ ▬▬▬▬▬▬ ▬▬▬▬▬▬▬ ▬▬▬▬▬▬▬▬ ▬▬▬▬▬ ▬▬▬ ▬▬▬▬▬▬ ▬▬▬▬ ▬▬▬▬ ▬▬▬▬▬ ▬▬▬▬▬▬▬▬ ▬▬▬▬▬ ▬▬▬▬▬ ▬▬▬ ▬▬ ▬▬
▬▬▬▬ ▬▬▬ ▬▬▬▬▬▬ ▬▬▬▬▬▬▬
▬▬▬▬ ▬▬▬▬▬▬ ▬▬ ▬▬▬▬▬▬▬ ▬▬▬▬ ▬▬▬▬▬▬ ▬▬▬▬ ▬▬▬▬ ▬▬▬▬▬▬▬▬ ▬▬▬▬ ▬▬ ▬▬▬▬▬▬▬▬ ▬▬▬ ▬▬▬ ▬▬▬▬ ▬▬▬▬▬▬ ▬▬▬▬▬▬▬ ▬▬▬ ▬▬▬▬▬▬▬▬ ▬▬▬▬▬ ▬▬▬▬▬ ▬▬▬▬▬▬▬ ▬▬▬▬▬▬ ▬▬▬▬ ▬▬▬▬▬▬ ▬▬▬▬ ▬▬▬▬ ▬▬▬▬▬▬▬ ▬▬▬▬▬▬▬▬ ▬▬▬▬▬▬▬▬ ▬▬▬▬▬▬▬▬ ▬▬ ▬▬▬▬ ▬▬ ▬▬▬▬▬▬▬ ▬▬▬▬▬▬▬ ▬▬▬▬▬▬ ▬▬▬▬▬ ▬▬▬▬▬ ▬▬▬▬▬▬ ▬▬▬▬▬ ▬▬▬ ▬▬ ▬▬▬ ▬▬▬▬▬▬▬▬ ▬▬▬▬ ▬▬▬▬▬▬ ▬▬ ▬▬▬▬▬▬▬ ▬▬▬▬▬▬▬ ▬▬▬▬▬▬▬▬ ▬▬ ▬▬▬▬ ▬▬▬▬▬▬▬▬ ▬▬▬▬▬▬▬▬ ▬▬▬▬ ▬▬▬▬ ▬▬▬▬ ▬▬▬ ▬▬▬▬▬▬▬▬ ▬▬ ▬▬▬▬▬▬▬▬ ▬▬ ▬▬▬▬▬▬▬ ▬▬▬▬▬ ▬▬ ▬▬▬▬▬ ▬▬▬▬▬▬ ▬▬▬▬ ▬▬▬▬▬▬▬▬ ▬▬ ▬▬▬ ▬▬ ▬▬▬▬▬▬▬ ▬▬ ▬▬▬▬▬▬▬▬ ▬▬▬▬▬▬▬ ▬▬▬ ▬▬▬▬▬▬▬▬ ▬▬▬▬▬ ▬▬ ▬▬▬▬▬▬▬ ▬▬▬▬▬▬▬▬ ▬▬▬▬▬▬ ▬▬ ▬▬ ▬▬▬▬▬▬ ▬▬▬▬▬▬▬▬ ▬▬▬▬ ▬▬ ▬▬▬▬ ▬▬ ▬▬▬▬▬▬▬▬ ▬▬▬▬ ▬▬▬▬▬▬▬▬ ▬▬▬▬ ▬▬▬▬ ▬▬▬▬▬▬ ▬▬▬▬▬▬▬▬ ▬▬▬▬▬▬▬▬ ▬▬▬ ▬▬ ▬▬▬ ▬▬▬▬ ▬▬▬▬▬▬▬ ▬▬▬▬▬ ▬▬▬▬▬▬▬ ▬▬ ▬▬▬ ▬▬▬▬▬ ▬▬▬▬ ▬▬▬▬ ▬▬▬ ▬▬▬▬▬▬ ▬▬▬▬▬▬▬▬ ▬▬▬▬▬▬▬▬ ▬▬▬▬▬▬ ▬▬▬▬▬▬ ▬▬▬▬ ▬▬▬▬▬▬ ▬▬▬▬▬ ▬▬▬▬▬ ▬▬▬▬▬▬▬ ▬▬▬▬▬▬▬▬ ▬▬▬▬▬▬▬ ▬▬▬▬▬▬ ▬▬▬▬▬▬▬▬ ▬▬▬▬▬ ▬▬▬▬▬▬ ▬▬▬▬▬ ▬▬▬▬ ▬▬▬▬▬ ▬▬▬▬ ▬▬▬▬▬▬▬ ▬▬▬ ▬▬▬▬▬ ▬▬▬▬ ▬▬▬▬▬▬▬ ▬▬▬▬ ▬▬▬ ▬▬▬▬▬▬ ▬▬▬ ▬▬▬▬▬▬ ▬▬ ▬▬▬▬▬ ▬▬▬▬ ▬▬▬▬▬ ▬▬▬▬▬ ▬▬ ▬▬▬ ▬▬▬▬▬▬ ▬▬▬▬▬▬▬ ▬▬▬▬▬▬ ▬▬▬▬▬▬▬▬ ▬▬▬ ▬▬▬▬▬▬▬ ▬▬ ▬▬ ▬▬▬▬ ▬▬ ▬▬▬▬▬▬ ▬▬▬▬ ▬▬▬▬▬▬▬▬ ▬▬ ▬▬▬▬▬ ▬▬ ▬▬▬▬▬▬▬▬ ▬▬▬▬▬▬▬ ▬▬▬▬▬ ▬▬▬▬ ▬▬▬▬▬▬▬▬ ▬▬▬ ▬▬▬▬▬▬▬▬ ▬▬▬▬▬▬ ▬▬▬▬▬▬ ▬▬▬▬▬▬▬
